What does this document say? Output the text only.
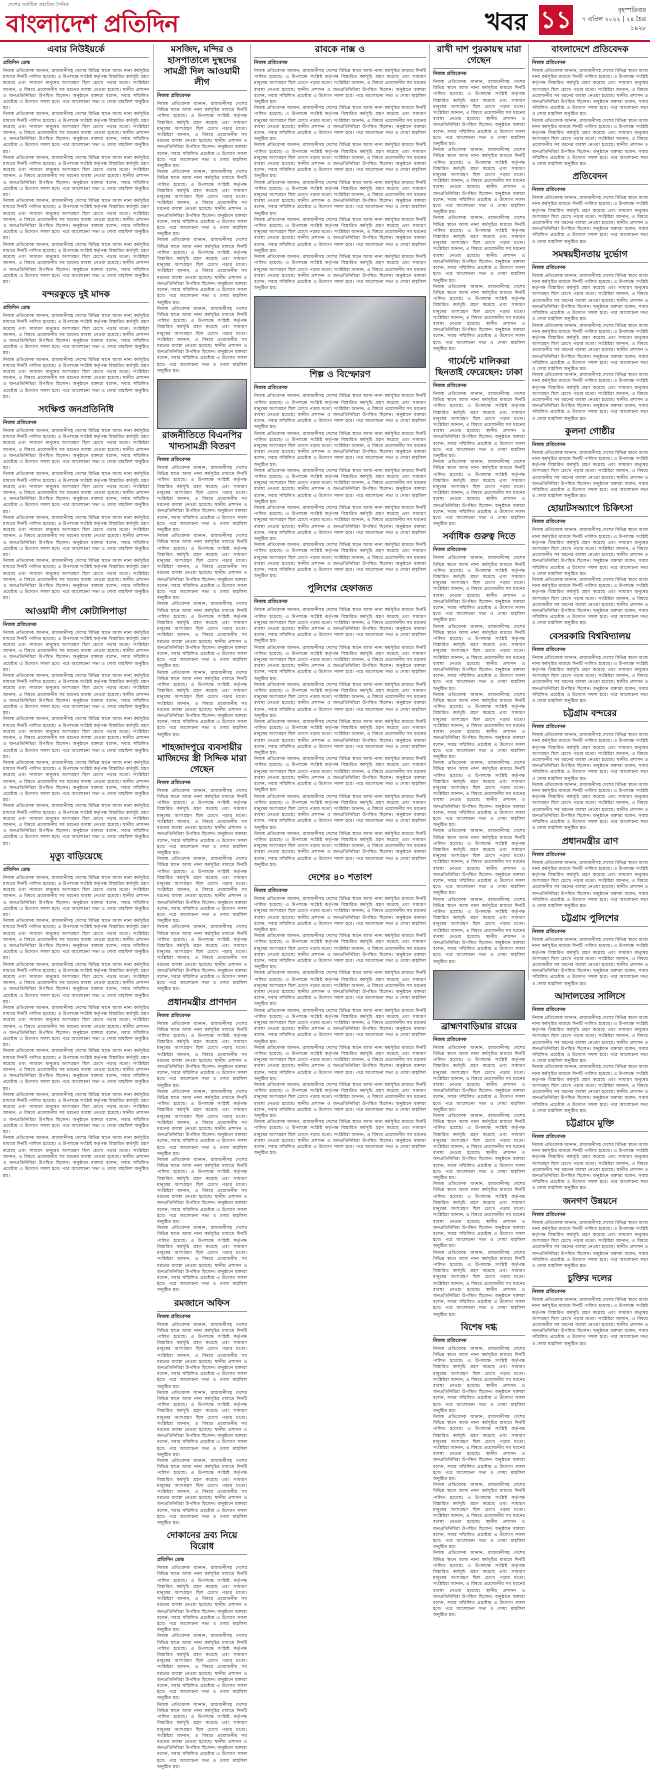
দেশের সর্বাধিক প্রচারিত দৈনিক
বাংলাদেশ প্রতিদিন	খবর ১১	বৃহস্পতিবার
৭ এপ্রিল ২০২২ | ২৪ চৈত্র ১৪২৮
এবার নিউইয়র্কে
প্রতিদিন ডেস্ক

নিজস্ব প্রতিবেদক জানান, রাজধানীসহ দেশের বিভিন্ন স্থানে আজ নানা কর্মসূচির মাধ্যমে দিনটি পালিত হয়েছে। এ উপলক্ষে সংশ্লিষ্ট কর্তৃপক্ষ বিস্তারিত কর্মসূচি গ্রহণ করেছে এবং সাধারণ মানুষের অংশগ্রহণ ছিল চোখে পড়ার মতো। সংশ্লিষ্টরা জানান, এ বিষয়ে প্রয়োজনীয় সব ধরনের ব্যবস্থা নেওয়া হয়েছে। স্থানীয় প্রশাসন ও জনপ্রতিনিধিরা উপস্থিত ছিলেন। অনুষ্ঠানে বক্তারা বলেন, সবার সম্মিলিত প্রচেষ্টায় এ উদ্যোগ সফল হবে। পরে আলোচনা সভা ও দোয়া মাহফিল অনুষ্ঠিত হয়।

নিজস্ব প্রতিবেদক জানান, রাজধানীসহ দেশের বিভিন্ন স্থানে আজ নানা কর্মসূচির মাধ্যমে দিনটি পালিত হয়েছে। এ উপলক্ষে সংশ্লিষ্ট কর্তৃপক্ষ বিস্তারিত কর্মসূচি গ্রহণ করেছে এবং সাধারণ মানুষের অংশগ্রহণ ছিল চোখে পড়ার মতো। সংশ্লিষ্টরা জানান, এ বিষয়ে প্রয়োজনীয় সব ধরনের ব্যবস্থা নেওয়া হয়েছে। স্থানীয় প্রশাসন ও জনপ্রতিনিধিরা উপস্থিত ছিলেন। অনুষ্ঠানে বক্তারা বলেন, সবার সম্মিলিত প্রচেষ্টায় এ উদ্যোগ সফল হবে। পরে আলোচনা সভা ও দোয়া মাহফিল অনুষ্ঠিত হয়।

নিজস্ব প্রতিবেদক জানান, রাজধানীসহ দেশের বিভিন্ন স্থানে আজ নানা কর্মসূচির মাধ্যমে দিনটি পালিত হয়েছে। এ উপলক্ষে সংশ্লিষ্ট কর্তৃপক্ষ বিস্তারিত কর্মসূচি গ্রহণ করেছে এবং সাধারণ মানুষের অংশগ্রহণ ছিল চোখে পড়ার মতো। সংশ্লিষ্টরা জানান, এ বিষয়ে প্রয়োজনীয় সব ধরনের ব্যবস্থা নেওয়া হয়েছে। স্থানীয় প্রশাসন ও জনপ্রতিনিধিরা উপস্থিত ছিলেন। অনুষ্ঠানে বক্তারা বলেন, সবার সম্মিলিত প্রচেষ্টায় এ উদ্যোগ সফল হবে। পরে আলোচনা সভা ও দোয়া মাহফিল অনুষ্ঠিত হয়।

নিজস্ব প্রতিবেদক জানান, রাজধানীসহ দেশের বিভিন্ন স্থানে আজ নানা কর্মসূচির মাধ্যমে দিনটি পালিত হয়েছে। এ উপলক্ষে সংশ্লিষ্ট কর্তৃপক্ষ বিস্তারিত কর্মসূচি গ্রহণ করেছে এবং সাধারণ মানুষের অংশগ্রহণ ছিল চোখে পড়ার মতো। সংশ্লিষ্টরা জানান, এ বিষয়ে প্রয়োজনীয় সব ধরনের ব্যবস্থা নেওয়া হয়েছে। স্থানীয় প্রশাসন ও জনপ্রতিনিধিরা উপস্থিত ছিলেন। অনুষ্ঠানে বক্তারা বলেন, সবার সম্মিলিত প্রচেষ্টায় এ উদ্যোগ সফল হবে। পরে আলোচনা সভা ও দোয়া মাহফিল অনুষ্ঠিত হয়।

নিজস্ব প্রতিবেদক জানান, রাজধানীসহ দেশের বিভিন্ন স্থানে আজ নানা কর্মসূচির মাধ্যমে দিনটি পালিত হয়েছে। এ উপলক্ষে সংশ্লিষ্ট কর্তৃপক্ষ বিস্তারিত কর্মসূচি গ্রহণ করেছে এবং সাধারণ মানুষের অংশগ্রহণ ছিল চোখে পড়ার মতো। সংশ্লিষ্টরা জানান, এ বিষয়ে প্রয়োজনীয় সব ধরনের ব্যবস্থা নেওয়া হয়েছে। স্থানীয় প্রশাসন ও জনপ্রতিনিধিরা উপস্থিত ছিলেন। অনুষ্ঠানে বক্তারা বলেন, সবার সম্মিলিত প্রচেষ্টায় এ উদ্যোগ সফল হবে। পরে আলোচনা সভা ও দোয়া মাহফিল অনুষ্ঠিত হয়।

বন্দরকুড়ে দুই মাদক
প্রতিদিন ডেস্ক

নিজস্ব প্রতিবেদক জানান, রাজধানীসহ দেশের বিভিন্ন স্থানে আজ নানা কর্মসূচির মাধ্যমে দিনটি পালিত হয়েছে। এ উপলক্ষে সংশ্লিষ্ট কর্তৃপক্ষ বিস্তারিত কর্মসূচি গ্রহণ করেছে এবং সাধারণ মানুষের অংশগ্রহণ ছিল চোখে পড়ার মতো। সংশ্লিষ্টরা জানান, এ বিষয়ে প্রয়োজনীয় সব ধরনের ব্যবস্থা নেওয়া হয়েছে। স্থানীয় প্রশাসন ও জনপ্রতিনিধিরা উপস্থিত ছিলেন। অনুষ্ঠানে বক্তারা বলেন, সবার সম্মিলিত প্রচেষ্টায় এ উদ্যোগ সফল হবে। পরে আলোচনা সভা ও দোয়া মাহফিল অনুষ্ঠিত হয়।

নিজস্ব প্রতিবেদক জানান, রাজধানীসহ দেশের বিভিন্ন স্থানে আজ নানা কর্মসূচির মাধ্যমে দিনটি পালিত হয়েছে। এ উপলক্ষে সংশ্লিষ্ট কর্তৃপক্ষ বিস্তারিত কর্মসূচি গ্রহণ করেছে এবং সাধারণ মানুষের অংশগ্রহণ ছিল চোখে পড়ার মতো। সংশ্লিষ্টরা জানান, এ বিষয়ে প্রয়োজনীয় সব ধরনের ব্যবস্থা নেওয়া হয়েছে। স্থানীয় প্রশাসন ও জনপ্রতিনিধিরা উপস্থিত ছিলেন। অনুষ্ঠানে বক্তারা বলেন, সবার সম্মিলিত প্রচেষ্টায় এ উদ্যোগ সফল হবে। পরে আলোচনা সভা ও দোয়া মাহফিল অনুষ্ঠিত হয়।

সংক্ষিপ্ত জনপ্রতিনিধি
নিজস্ব প্রতিবেদক

নিজস্ব প্রতিবেদক জানান, রাজধানীসহ দেশের বিভিন্ন স্থানে আজ নানা কর্মসূচির মাধ্যমে দিনটি পালিত হয়েছে। এ উপলক্ষে সংশ্লিষ্ট কর্তৃপক্ষ বিস্তারিত কর্মসূচি গ্রহণ করেছে এবং সাধারণ মানুষের অংশগ্রহণ ছিল চোখে পড়ার মতো। সংশ্লিষ্টরা জানান, এ বিষয়ে প্রয়োজনীয় সব ধরনের ব্যবস্থা নেওয়া হয়েছে। স্থানীয় প্রশাসন ও জনপ্রতিনিধিরা উপস্থিত ছিলেন। অনুষ্ঠানে বক্তারা বলেন, সবার সম্মিলিত প্রচেষ্টায় এ উদ্যোগ সফল হবে। পরে আলোচনা সভা ও দোয়া মাহফিল অনুষ্ঠিত হয়।

নিজস্ব প্রতিবেদক জানান, রাজধানীসহ দেশের বিভিন্ন স্থানে আজ নানা কর্মসূচির মাধ্যমে দিনটি পালিত হয়েছে। এ উপলক্ষে সংশ্লিষ্ট কর্তৃপক্ষ বিস্তারিত কর্মসূচি গ্রহণ করেছে এবং সাধারণ মানুষের অংশগ্রহণ ছিল চোখে পড়ার মতো। সংশ্লিষ্টরা জানান, এ বিষয়ে প্রয়োজনীয় সব ধরনের ব্যবস্থা নেওয়া হয়েছে। স্থানীয় প্রশাসন ও জনপ্রতিনিধিরা উপস্থিত ছিলেন। অনুষ্ঠানে বক্তারা বলেন, সবার সম্মিলিত প্রচেষ্টায় এ উদ্যোগ সফল হবে। পরে আলোচনা সভা ও দোয়া মাহফিল অনুষ্ঠিত হয়।

নিজস্ব প্রতিবেদক জানান, রাজধানীসহ দেশের বিভিন্ন স্থানে আজ নানা কর্মসূচির মাধ্যমে দিনটি পালিত হয়েছে। এ উপলক্ষে সংশ্লিষ্ট কর্তৃপক্ষ বিস্তারিত কর্মসূচি গ্রহণ করেছে এবং সাধারণ মানুষের অংশগ্রহণ ছিল চোখে পড়ার মতো। সংশ্লিষ্টরা জানান, এ বিষয়ে প্রয়োজনীয় সব ধরনের ব্যবস্থা নেওয়া হয়েছে। স্থানীয় প্রশাসন ও জনপ্রতিনিধিরা উপস্থিত ছিলেন। অনুষ্ঠানে বক্তারা বলেন, সবার সম্মিলিত প্রচেষ্টায় এ উদ্যোগ সফল হবে। পরে আলোচনা সভা ও দোয়া মাহফিল অনুষ্ঠিত হয়।

নিজস্ব প্রতিবেদক জানান, রাজধানীসহ দেশের বিভিন্ন স্থানে আজ নানা কর্মসূচির মাধ্যমে দিনটি পালিত হয়েছে। এ উপলক্ষে সংশ্লিষ্ট কর্তৃপক্ষ বিস্তারিত কর্মসূচি গ্রহণ করেছে এবং সাধারণ মানুষের অংশগ্রহণ ছিল চোখে পড়ার মতো। সংশ্লিষ্টরা জানান, এ বিষয়ে প্রয়োজনীয় সব ধরনের ব্যবস্থা নেওয়া হয়েছে। স্থানীয় প্রশাসন ও জনপ্রতিনিধিরা উপস্থিত ছিলেন। অনুষ্ঠানে বক্তারা বলেন, সবার সম্মিলিত প্রচেষ্টায় এ উদ্যোগ সফল হবে। পরে আলোচনা সভা ও দোয়া মাহফিল অনুষ্ঠিত হয়।

আওয়ামী লীগ কোটালিপাড়া
নিজস্ব প্রতিবেদক

নিজস্ব প্রতিবেদক জানান, রাজধানীসহ দেশের বিভিন্ন স্থানে আজ নানা কর্মসূচির মাধ্যমে দিনটি পালিত হয়েছে। এ উপলক্ষে সংশ্লিষ্ট কর্তৃপক্ষ বিস্তারিত কর্মসূচি গ্রহণ করেছে এবং সাধারণ মানুষের অংশগ্রহণ ছিল চোখে পড়ার মতো। সংশ্লিষ্টরা জানান, এ বিষয়ে প্রয়োজনীয় সব ধরনের ব্যবস্থা নেওয়া হয়েছে। স্থানীয় প্রশাসন ও জনপ্রতিনিধিরা উপস্থিত ছিলেন। অনুষ্ঠানে বক্তারা বলেন, সবার সম্মিলিত প্রচেষ্টায় এ উদ্যোগ সফল হবে। পরে আলোচনা সভা ও দোয়া মাহফিল অনুষ্ঠিত হয়।

নিজস্ব প্রতিবেদক জানান, রাজধানীসহ দেশের বিভিন্ন স্থানে আজ নানা কর্মসূচির মাধ্যমে দিনটি পালিত হয়েছে। এ উপলক্ষে সংশ্লিষ্ট কর্তৃপক্ষ বিস্তারিত কর্মসূচি গ্রহণ করেছে এবং সাধারণ মানুষের অংশগ্রহণ ছিল চোখে পড়ার মতো। সংশ্লিষ্টরা জানান, এ বিষয়ে প্রয়োজনীয় সব ধরনের ব্যবস্থা নেওয়া হয়েছে। স্থানীয় প্রশাসন ও জনপ্রতিনিধিরা উপস্থিত ছিলেন। অনুষ্ঠানে বক্তারা বলেন, সবার সম্মিলিত প্রচেষ্টায় এ উদ্যোগ সফল হবে। পরে আলোচনা সভা ও দোয়া মাহফিল অনুষ্ঠিত হয়।

নিজস্ব প্রতিবেদক জানান, রাজধানীসহ দেশের বিভিন্ন স্থানে আজ নানা কর্মসূচির মাধ্যমে দিনটি পালিত হয়েছে। এ উপলক্ষে সংশ্লিষ্ট কর্তৃপক্ষ বিস্তারিত কর্মসূচি গ্রহণ করেছে এবং সাধারণ মানুষের অংশগ্রহণ ছিল চোখে পড়ার মতো। সংশ্লিষ্টরা জানান, এ বিষয়ে প্রয়োজনীয় সব ধরনের ব্যবস্থা নেওয়া হয়েছে। স্থানীয় প্রশাসন ও জনপ্রতিনিধিরা উপস্থিত ছিলেন। অনুষ্ঠানে বক্তারা বলেন, সবার সম্মিলিত প্রচেষ্টায় এ উদ্যোগ সফল হবে। পরে আলোচনা সভা ও দোয়া মাহফিল অনুষ্ঠিত হয়।

নিজস্ব প্রতিবেদক জানান, রাজধানীসহ দেশের বিভিন্ন স্থানে আজ নানা কর্মসূচির মাধ্যমে দিনটি পালিত হয়েছে। এ উপলক্ষে সংশ্লিষ্ট কর্তৃপক্ষ বিস্তারিত কর্মসূচি গ্রহণ করেছে এবং সাধারণ মানুষের অংশগ্রহণ ছিল চোখে পড়ার মতো। সংশ্লিষ্টরা জানান, এ বিষয়ে প্রয়োজনীয় সব ধরনের ব্যবস্থা নেওয়া হয়েছে। স্থানীয় প্রশাসন ও জনপ্রতিনিধিরা উপস্থিত ছিলেন। অনুষ্ঠানে বক্তারা বলেন, সবার সম্মিলিত প্রচেষ্টায় এ উদ্যোগ সফল হবে। পরে আলোচনা সভা ও দোয়া মাহফিল অনুষ্ঠিত হয়।

নিজস্ব প্রতিবেদক জানান, রাজধানীসহ দেশের বিভিন্ন স্থানে আজ নানা কর্মসূচির মাধ্যমে দিনটি পালিত হয়েছে। এ উপলক্ষে সংশ্লিষ্ট কর্তৃপক্ষ বিস্তারিত কর্মসূচি গ্রহণ করেছে এবং সাধারণ মানুষের অংশগ্রহণ ছিল চোখে পড়ার মতো। সংশ্লিষ্টরা জানান, এ বিষয়ে প্রয়োজনীয় সব ধরনের ব্যবস্থা নেওয়া হয়েছে। স্থানীয় প্রশাসন ও জনপ্রতিনিধিরা উপস্থিত ছিলেন। অনুষ্ঠানে বক্তারা বলেন, সবার সম্মিলিত প্রচেষ্টায় এ উদ্যোগ সফল হবে। পরে আলোচনা সভা ও দোয়া মাহফিল অনুষ্ঠিত হয়।

মৃত্যু বাড়িয়েছে
প্রতিদিন ডেস্ক

নিজস্ব প্রতিবেদক জানান, রাজধানীসহ দেশের বিভিন্ন স্থানে আজ নানা কর্মসূচির মাধ্যমে দিনটি পালিত হয়েছে। এ উপলক্ষে সংশ্লিষ্ট কর্তৃপক্ষ বিস্তারিত কর্মসূচি গ্রহণ করেছে এবং সাধারণ মানুষের অংশগ্রহণ ছিল চোখে পড়ার মতো। সংশ্লিষ্টরা জানান, এ বিষয়ে প্রয়োজনীয় সব ধরনের ব্যবস্থা নেওয়া হয়েছে। স্থানীয় প্রশাসন ও জনপ্রতিনিধিরা উপস্থিত ছিলেন। অনুষ্ঠানে বক্তারা বলেন, সবার সম্মিলিত প্রচেষ্টায় এ উদ্যোগ সফল হবে। পরে আলোচনা সভা ও দোয়া মাহফিল অনুষ্ঠিত হয়।

নিজস্ব প্রতিবেদক জানান, রাজধানীসহ দেশের বিভিন্ন স্থানে আজ নানা কর্মসূচির মাধ্যমে দিনটি পালিত হয়েছে। এ উপলক্ষে সংশ্লিষ্ট কর্তৃপক্ষ বিস্তারিত কর্মসূচি গ্রহণ করেছে এবং সাধারণ মানুষের অংশগ্রহণ ছিল চোখে পড়ার মতো। সংশ্লিষ্টরা জানান, এ বিষয়ে প্রয়োজনীয় সব ধরনের ব্যবস্থা নেওয়া হয়েছে। স্থানীয় প্রশাসন ও জনপ্রতিনিধিরা উপস্থিত ছিলেন। অনুষ্ঠানে বক্তারা বলেন, সবার সম্মিলিত প্রচেষ্টায় এ উদ্যোগ সফল হবে। পরে আলোচনা সভা ও দোয়া মাহফিল অনুষ্ঠিত হয়।

নিজস্ব প্রতিবেদক জানান, রাজধানীসহ দেশের বিভিন্ন স্থানে আজ নানা কর্মসূচির মাধ্যমে দিনটি পালিত হয়েছে। এ উপলক্ষে সংশ্লিষ্ট কর্তৃপক্ষ বিস্তারিত কর্মসূচি গ্রহণ করেছে এবং সাধারণ মানুষের অংশগ্রহণ ছিল চোখে পড়ার মতো। সংশ্লিষ্টরা জানান, এ বিষয়ে প্রয়োজনীয় সব ধরনের ব্যবস্থা নেওয়া হয়েছে। স্থানীয় প্রশাসন ও জনপ্রতিনিধিরা উপস্থিত ছিলেন। অনুষ্ঠানে বক্তারা বলেন, সবার সম্মিলিত প্রচেষ্টায় এ উদ্যোগ সফল হবে। পরে আলোচনা সভা ও দোয়া মাহফিল অনুষ্ঠিত হয়।

নিজস্ব প্রতিবেদক জানান, রাজধানীসহ দেশের বিভিন্ন স্থানে আজ নানা কর্মসূচির মাধ্যমে দিনটি পালিত হয়েছে। এ উপলক্ষে সংশ্লিষ্ট কর্তৃপক্ষ বিস্তারিত কর্মসূচি গ্রহণ করেছে এবং সাধারণ মানুষের অংশগ্রহণ ছিল চোখে পড়ার মতো। সংশ্লিষ্টরা জানান, এ বিষয়ে প্রয়োজনীয় সব ধরনের ব্যবস্থা নেওয়া হয়েছে। স্থানীয় প্রশাসন ও জনপ্রতিনিধিরা উপস্থিত ছিলেন। অনুষ্ঠানে বক্তারা বলেন, সবার সম্মিলিত প্রচেষ্টায় এ উদ্যোগ সফল হবে। পরে আলোচনা সভা ও দোয়া মাহফিল অনুষ্ঠিত হয়।

নিজস্ব প্রতিবেদক জানান, রাজধানীসহ দেশের বিভিন্ন স্থানে আজ নানা কর্মসূচির মাধ্যমে দিনটি পালিত হয়েছে। এ উপলক্ষে সংশ্লিষ্ট কর্তৃপক্ষ বিস্তারিত কর্মসূচি গ্রহণ করেছে এবং সাধারণ মানুষের অংশগ্রহণ ছিল চোখে পড়ার মতো। সংশ্লিষ্টরা জানান, এ বিষয়ে প্রয়োজনীয় সব ধরনের ব্যবস্থা নেওয়া হয়েছে। স্থানীয় প্রশাসন ও জনপ্রতিনিধিরা উপস্থিত ছিলেন। অনুষ্ঠানে বক্তারা বলেন, সবার সম্মিলিত প্রচেষ্টায় এ উদ্যোগ সফল হবে। পরে আলোচনা সভা ও দোয়া মাহফিল অনুষ্ঠিত হয়।

নিজস্ব প্রতিবেদক জানান, রাজধানীসহ দেশের বিভিন্ন স্থানে আজ নানা কর্মসূচির মাধ্যমে দিনটি পালিত হয়েছে। এ উপলক্ষে সংশ্লিষ্ট কর্তৃপক্ষ বিস্তারিত কর্মসূচি গ্রহণ করেছে এবং সাধারণ মানুষের অংশগ্রহণ ছিল চোখে পড়ার মতো। সংশ্লিষ্টরা জানান, এ বিষয়ে প্রয়োজনীয় সব ধরনের ব্যবস্থা নেওয়া হয়েছে। স্থানীয় প্রশাসন ও জনপ্রতিনিধিরা উপস্থিত ছিলেন। অনুষ্ঠানে বক্তারা বলেন, সবার সম্মিলিত প্রচেষ্টায় এ উদ্যোগ সফল হবে। পরে আলোচনা সভা ও দোয়া মাহফিল অনুষ্ঠিত হয়।

নিজস্ব প্রতিবেদক জানান, রাজধানীসহ দেশের বিভিন্ন স্থানে আজ নানা কর্মসূচির মাধ্যমে দিনটি পালিত হয়েছে। এ উপলক্ষে সংশ্লিষ্ট কর্তৃপক্ষ বিস্তারিত কর্মসূচি গ্রহণ করেছে এবং সাধারণ মানুষের অংশগ্রহণ ছিল চোখে পড়ার মতো। সংশ্লিষ্টরা জানান, এ বিষয়ে প্রয়োজনীয় সব ধরনের ব্যবস্থা নেওয়া হয়েছে। স্থানীয় প্রশাসন ও জনপ্রতিনিধিরা উপস্থিত ছিলেন। অনুষ্ঠানে বক্তারা বলেন, সবার সম্মিলিত প্রচেষ্টায় এ উদ্যোগ সফল হবে। পরে আলোচনা সভা ও দোয়া মাহফিল অনুষ্ঠিত হয়।

মসজিদ, মন্দির ও হাসপাতালে দুস্থদের সামগ্রী দিল আওয়ামী লীগ
নিজস্ব প্রতিবেদক

নিজস্ব প্রতিবেদক জানান, রাজধানীসহ দেশের বিভিন্ন স্থানে আজ নানা কর্মসূচির মাধ্যমে দিনটি পালিত হয়েছে। এ উপলক্ষে সংশ্লিষ্ট কর্তৃপক্ষ বিস্তারিত কর্মসূচি গ্রহণ করেছে এবং সাধারণ মানুষের অংশগ্রহণ ছিল চোখে পড়ার মতো। সংশ্লিষ্টরা জানান, এ বিষয়ে প্রয়োজনীয় সব ধরনের ব্যবস্থা নেওয়া হয়েছে। স্থানীয় প্রশাসন ও জনপ্রতিনিধিরা উপস্থিত ছিলেন। অনুষ্ঠানে বক্তারা বলেন, সবার সম্মিলিত প্রচেষ্টায় এ উদ্যোগ সফল হবে। পরে আলোচনা সভা ও দোয়া মাহফিল অনুষ্ঠিত হয়।

নিজস্ব প্রতিবেদক জানান, রাজধানীসহ দেশের বিভিন্ন স্থানে আজ নানা কর্মসূচির মাধ্যমে দিনটি পালিত হয়েছে। এ উপলক্ষে সংশ্লিষ্ট কর্তৃপক্ষ বিস্তারিত কর্মসূচি গ্রহণ করেছে এবং সাধারণ মানুষের অংশগ্রহণ ছিল চোখে পড়ার মতো। সংশ্লিষ্টরা জানান, এ বিষয়ে প্রয়োজনীয় সব ধরনের ব্যবস্থা নেওয়া হয়েছে। স্থানীয় প্রশাসন ও জনপ্রতিনিধিরা উপস্থিত ছিলেন। অনুষ্ঠানে বক্তারা বলেন, সবার সম্মিলিত প্রচেষ্টায় এ উদ্যোগ সফল হবে। পরে আলোচনা সভা ও দোয়া মাহফিল অনুষ্ঠিত হয়।

নিজস্ব প্রতিবেদক জানান, রাজধানীসহ দেশের বিভিন্ন স্থানে আজ নানা কর্মসূচির মাধ্যমে দিনটি পালিত হয়েছে। এ উপলক্ষে সংশ্লিষ্ট কর্তৃপক্ষ বিস্তারিত কর্মসূচি গ্রহণ করেছে এবং সাধারণ মানুষের অংশগ্রহণ ছিল চোখে পড়ার মতো। সংশ্লিষ্টরা জানান, এ বিষয়ে প্রয়োজনীয় সব ধরনের ব্যবস্থা নেওয়া হয়েছে। স্থানীয় প্রশাসন ও জনপ্রতিনিধিরা উপস্থিত ছিলেন। অনুষ্ঠানে বক্তারা বলেন, সবার সম্মিলিত প্রচেষ্টায় এ উদ্যোগ সফল হবে। পরে আলোচনা সভা ও দোয়া মাহফিল অনুষ্ঠিত হয়।

নিজস্ব প্রতিবেদক জানান, রাজধানীসহ দেশের বিভিন্ন স্থানে আজ নানা কর্মসূচির মাধ্যমে দিনটি পালিত হয়েছে। এ উপলক্ষে সংশ্লিষ্ট কর্তৃপক্ষ বিস্তারিত কর্মসূচি গ্রহণ করেছে এবং সাধারণ মানুষের অংশগ্রহণ ছিল চোখে পড়ার মতো। সংশ্লিষ্টরা জানান, এ বিষয়ে প্রয়োজনীয় সব ধরনের ব্যবস্থা নেওয়া হয়েছে। স্থানীয় প্রশাসন ও জনপ্রতিনিধিরা উপস্থিত ছিলেন। অনুষ্ঠানে বক্তারা বলেন, সবার সম্মিলিত প্রচেষ্টায় এ উদ্যোগ সফল হবে। পরে আলোচনা সভা ও দোয়া মাহফিল অনুষ্ঠিত হয়।

রাজনীতিতে বিএনপির খাদ্যসামগ্রী বিতরণ
নিজস্ব প্রতিবেদক

নিজস্ব প্রতিবেদক জানান, রাজধানীসহ দেশের বিভিন্ন স্থানে আজ নানা কর্মসূচির মাধ্যমে দিনটি পালিত হয়েছে। এ উপলক্ষে সংশ্লিষ্ট কর্তৃপক্ষ বিস্তারিত কর্মসূচি গ্রহণ করেছে এবং সাধারণ মানুষের অংশগ্রহণ ছিল চোখে পড়ার মতো। সংশ্লিষ্টরা জানান, এ বিষয়ে প্রয়োজনীয় সব ধরনের ব্যবস্থা নেওয়া হয়েছে। স্থানীয় প্রশাসন ও জনপ্রতিনিধিরা উপস্থিত ছিলেন। অনুষ্ঠানে বক্তারা বলেন, সবার সম্মিলিত প্রচেষ্টায় এ উদ্যোগ সফল হবে। পরে আলোচনা সভা ও দোয়া মাহফিল অনুষ্ঠিত হয়।

নিজস্ব প্রতিবেদক জানান, রাজধানীসহ দেশের বিভিন্ন স্থানে আজ নানা কর্মসূচির মাধ্যমে দিনটি পালিত হয়েছে। এ উপলক্ষে সংশ্লিষ্ট কর্তৃপক্ষ বিস্তারিত কর্মসূচি গ্রহণ করেছে এবং সাধারণ মানুষের অংশগ্রহণ ছিল চোখে পড়ার মতো। সংশ্লিষ্টরা জানান, এ বিষয়ে প্রয়োজনীয় সব ধরনের ব্যবস্থা নেওয়া হয়েছে। স্থানীয় প্রশাসন ও জনপ্রতিনিধিরা উপস্থিত ছিলেন। অনুষ্ঠানে বক্তারা বলেন, সবার সম্মিলিত প্রচেষ্টায় এ উদ্যোগ সফল হবে। পরে আলোচনা সভা ও দোয়া মাহফিল অনুষ্ঠিত হয়।

নিজস্ব প্রতিবেদক জানান, রাজধানীসহ দেশের বিভিন্ন স্থানে আজ নানা কর্মসূচির মাধ্যমে দিনটি পালিত হয়েছে। এ উপলক্ষে সংশ্লিষ্ট কর্তৃপক্ষ বিস্তারিত কর্মসূচি গ্রহণ করেছে এবং সাধারণ মানুষের অংশগ্রহণ ছিল চোখে পড়ার মতো। সংশ্লিষ্টরা জানান, এ বিষয়ে প্রয়োজনীয় সব ধরনের ব্যবস্থা নেওয়া হয়েছে। স্থানীয় প্রশাসন ও জনপ্রতিনিধিরা উপস্থিত ছিলেন। অনুষ্ঠানে বক্তারা বলেন, সবার সম্মিলিত প্রচেষ্টায় এ উদ্যোগ সফল হবে। পরে আলোচনা সভা ও দোয়া মাহফিল অনুষ্ঠিত হয়।

নিজস্ব প্রতিবেদক জানান, রাজধানীসহ দেশের বিভিন্ন স্থানে আজ নানা কর্মসূচির মাধ্যমে দিনটি পালিত হয়েছে। এ উপলক্ষে সংশ্লিষ্ট কর্তৃপক্ষ বিস্তারিত কর্মসূচি গ্রহণ করেছে এবং সাধারণ মানুষের অংশগ্রহণ ছিল চোখে পড়ার মতো। সংশ্লিষ্টরা জানান, এ বিষয়ে প্রয়োজনীয় সব ধরনের ব্যবস্থা নেওয়া হয়েছে। স্থানীয় প্রশাসন ও জনপ্রতিনিধিরা উপস্থিত ছিলেন। অনুষ্ঠানে বক্তারা বলেন, সবার সম্মিলিত প্রচেষ্টায় এ উদ্যোগ সফল হবে। পরে আলোচনা সভা ও দোয়া মাহফিল অনুষ্ঠিত হয়।

শাহজাদপুরে ব্যবসায়ীর মাজিদের স্ত্রী সিদ্দিক মারা গেছেন
নিজস্ব প্রতিবেদক

নিজস্ব প্রতিবেদক জানান, রাজধানীসহ দেশের বিভিন্ন স্থানে আজ নানা কর্মসূচির মাধ্যমে দিনটি পালিত হয়েছে। এ উপলক্ষে সংশ্লিষ্ট কর্তৃপক্ষ বিস্তারিত কর্মসূচি গ্রহণ করেছে এবং সাধারণ মানুষের অংশগ্রহণ ছিল চোখে পড়ার মতো। সংশ্লিষ্টরা জানান, এ বিষয়ে প্রয়োজনীয় সব ধরনের ব্যবস্থা নেওয়া হয়েছে। স্থানীয় প্রশাসন ও জনপ্রতিনিধিরা উপস্থিত ছিলেন। অনুষ্ঠানে বক্তারা বলেন, সবার সম্মিলিত প্রচেষ্টায় এ উদ্যোগ সফল হবে। পরে আলোচনা সভা ও দোয়া মাহফিল অনুষ্ঠিত হয়।

নিজস্ব প্রতিবেদক জানান, রাজধানীসহ দেশের বিভিন্ন স্থানে আজ নানা কর্মসূচির মাধ্যমে দিনটি পালিত হয়েছে। এ উপলক্ষে সংশ্লিষ্ট কর্তৃপক্ষ বিস্তারিত কর্মসূচি গ্রহণ করেছে এবং সাধারণ মানুষের অংশগ্রহণ ছিল চোখে পড়ার মতো। সংশ্লিষ্টরা জানান, এ বিষয়ে প্রয়োজনীয় সব ধরনের ব্যবস্থা নেওয়া হয়েছে। স্থানীয় প্রশাসন ও জনপ্রতিনিধিরা উপস্থিত ছিলেন। অনুষ্ঠানে বক্তারা বলেন, সবার সম্মিলিত প্রচেষ্টায় এ উদ্যোগ সফল হবে। পরে আলোচনা সভা ও দোয়া মাহফিল অনুষ্ঠিত হয়।

নিজস্ব প্রতিবেদক জানান, রাজধানীসহ দেশের বিভিন্ন স্থানে আজ নানা কর্মসূচির মাধ্যমে দিনটি পালিত হয়েছে। এ উপলক্ষে সংশ্লিষ্ট কর্তৃপক্ষ বিস্তারিত কর্মসূচি গ্রহণ করেছে এবং সাধারণ মানুষের অংশগ্রহণ ছিল চোখে পড়ার মতো। সংশ্লিষ্টরা জানান, এ বিষয়ে প্রয়োজনীয় সব ধরনের ব্যবস্থা নেওয়া হয়েছে। স্থানীয় প্রশাসন ও জনপ্রতিনিধিরা উপস্থিত ছিলেন। অনুষ্ঠানে বক্তারা বলেন, সবার সম্মিলিত প্রচেষ্টায় এ উদ্যোগ সফল হবে। পরে আলোচনা সভা ও দোয়া মাহফিল অনুষ্ঠিত হয়।

প্রধানমন্ত্রীর প্রাণদান
নিজস্ব প্রতিবেদক

নিজস্ব প্রতিবেদক জানান, রাজধানীসহ দেশের বিভিন্ন স্থানে আজ নানা কর্মসূচির মাধ্যমে দিনটি পালিত হয়েছে। এ উপলক্ষে সংশ্লিষ্ট কর্তৃপক্ষ বিস্তারিত কর্মসূচি গ্রহণ করেছে এবং সাধারণ মানুষের অংশগ্রহণ ছিল চোখে পড়ার মতো। সংশ্লিষ্টরা জানান, এ বিষয়ে প্রয়োজনীয় সব ধরনের ব্যবস্থা নেওয়া হয়েছে। স্থানীয় প্রশাসন ও জনপ্রতিনিধিরা উপস্থিত ছিলেন। অনুষ্ঠানে বক্তারা বলেন, সবার সম্মিলিত প্রচেষ্টায় এ উদ্যোগ সফল হবে। পরে আলোচনা সভা ও দোয়া মাহফিল অনুষ্ঠিত হয়।

নিজস্ব প্রতিবেদক জানান, রাজধানীসহ দেশের বিভিন্ন স্থানে আজ নানা কর্মসূচির মাধ্যমে দিনটি পালিত হয়েছে। এ উপলক্ষে সংশ্লিষ্ট কর্তৃপক্ষ বিস্তারিত কর্মসূচি গ্রহণ করেছে এবং সাধারণ মানুষের অংশগ্রহণ ছিল চোখে পড়ার মতো। সংশ্লিষ্টরা জানান, এ বিষয়ে প্রয়োজনীয় সব ধরনের ব্যবস্থা নেওয়া হয়েছে। স্থানীয় প্রশাসন ও জনপ্রতিনিধিরা উপস্থিত ছিলেন। অনুষ্ঠানে বক্তারা বলেন, সবার সম্মিলিত প্রচেষ্টায় এ উদ্যোগ সফল হবে। পরে আলোচনা সভা ও দোয়া মাহফিল অনুষ্ঠিত হয়।

নিজস্ব প্রতিবেদক জানান, রাজধানীসহ দেশের বিভিন্ন স্থানে আজ নানা কর্মসূচির মাধ্যমে দিনটি পালিত হয়েছে। এ উপলক্ষে সংশ্লিষ্ট কর্তৃপক্ষ বিস্তারিত কর্মসূচি গ্রহণ করেছে এবং সাধারণ মানুষের অংশগ্রহণ ছিল চোখে পড়ার মতো। সংশ্লিষ্টরা জানান, এ বিষয়ে প্রয়োজনীয় সব ধরনের ব্যবস্থা নেওয়া হয়েছে। স্থানীয় প্রশাসন ও জনপ্রতিনিধিরা উপস্থিত ছিলেন। অনুষ্ঠানে বক্তারা বলেন, সবার সম্মিলিত প্রচেষ্টায় এ উদ্যোগ সফল হবে। পরে আলোচনা সভা ও দোয়া মাহফিল অনুষ্ঠিত হয়।

নিজস্ব প্রতিবেদক জানান, রাজধানীসহ দেশের বিভিন্ন স্থানে আজ নানা কর্মসূচির মাধ্যমে দিনটি পালিত হয়েছে। এ উপলক্ষে সংশ্লিষ্ট কর্তৃপক্ষ বিস্তারিত কর্মসূচি গ্রহণ করেছে এবং সাধারণ মানুষের অংশগ্রহণ ছিল চোখে পড়ার মতো। সংশ্লিষ্টরা জানান, এ বিষয়ে প্রয়োজনীয় সব ধরনের ব্যবস্থা নেওয়া হয়েছে। স্থানীয় প্রশাসন ও জনপ্রতিনিধিরা উপস্থিত ছিলেন। অনুষ্ঠানে বক্তারা বলেন, সবার সম্মিলিত প্রচেষ্টায় এ উদ্যোগ সফল হবে। পরে আলোচনা সভা ও দোয়া মাহফিল অনুষ্ঠিত হয়।

রমজানে অফিস
নিজস্ব প্রতিবেদক

নিজস্ব প্রতিবেদক জানান, রাজধানীসহ দেশের বিভিন্ন স্থানে আজ নানা কর্মসূচির মাধ্যমে দিনটি পালিত হয়েছে। এ উপলক্ষে সংশ্লিষ্ট কর্তৃপক্ষ বিস্তারিত কর্মসূচি গ্রহণ করেছে এবং সাধারণ মানুষের অংশগ্রহণ ছিল চোখে পড়ার মতো। সংশ্লিষ্টরা জানান, এ বিষয়ে প্রয়োজনীয় সব ধরনের ব্যবস্থা নেওয়া হয়েছে। স্থানীয় প্রশাসন ও জনপ্রতিনিধিরা উপস্থিত ছিলেন। অনুষ্ঠানে বক্তারা বলেন, সবার সম্মিলিত প্রচেষ্টায় এ উদ্যোগ সফল হবে। পরে আলোচনা সভা ও দোয়া মাহফিল অনুষ্ঠিত হয়।

নিজস্ব প্রতিবেদক জানান, রাজধানীসহ দেশের বিভিন্ন স্থানে আজ নানা কর্মসূচির মাধ্যমে দিনটি পালিত হয়েছে। এ উপলক্ষে সংশ্লিষ্ট কর্তৃপক্ষ বিস্তারিত কর্মসূচি গ্রহণ করেছে এবং সাধারণ মানুষের অংশগ্রহণ ছিল চোখে পড়ার মতো। সংশ্লিষ্টরা জানান, এ বিষয়ে প্রয়োজনীয় সব ধরনের ব্যবস্থা নেওয়া হয়েছে। স্থানীয় প্রশাসন ও জনপ্রতিনিধিরা উপস্থিত ছিলেন। অনুষ্ঠানে বক্তারা বলেন, সবার সম্মিলিত প্রচেষ্টায় এ উদ্যোগ সফল হবে। পরে আলোচনা সভা ও দোয়া মাহফিল অনুষ্ঠিত হয়।

নিজস্ব প্রতিবেদক জানান, রাজধানীসহ দেশের বিভিন্ন স্থানে আজ নানা কর্মসূচির মাধ্যমে দিনটি পালিত হয়েছে। এ উপলক্ষে সংশ্লিষ্ট কর্তৃপক্ষ বিস্তারিত কর্মসূচি গ্রহণ করেছে এবং সাধারণ মানুষের অংশগ্রহণ ছিল চোখে পড়ার মতো। সংশ্লিষ্টরা জানান, এ বিষয়ে প্রয়োজনীয় সব ধরনের ব্যবস্থা নেওয়া হয়েছে। স্থানীয় প্রশাসন ও জনপ্রতিনিধিরা উপস্থিত ছিলেন। অনুষ্ঠানে বক্তারা বলেন, সবার সম্মিলিত প্রচেষ্টায় এ উদ্যোগ সফল হবে। পরে আলোচনা সভা ও দোয়া মাহফিল অনুষ্ঠিত হয়।

দোকানের দ্রব্য নিয়ে বিরোধ
প্রতিদিন ডেস্ক

নিজস্ব প্রতিবেদক জানান, রাজধানীসহ দেশের বিভিন্ন স্থানে আজ নানা কর্মসূচির মাধ্যমে দিনটি পালিত হয়েছে। এ উপলক্ষে সংশ্লিষ্ট কর্তৃপক্ষ বিস্তারিত কর্মসূচি গ্রহণ করেছে এবং সাধারণ মানুষের অংশগ্রহণ ছিল চোখে পড়ার মতো। সংশ্লিষ্টরা জানান, এ বিষয়ে প্রয়োজনীয় সব ধরনের ব্যবস্থা নেওয়া হয়েছে। স্থানীয় প্রশাসন ও জনপ্রতিনিধিরা উপস্থিত ছিলেন। অনুষ্ঠানে বক্তারা বলেন, সবার সম্মিলিত প্রচেষ্টায় এ উদ্যোগ সফল হবে। পরে আলোচনা সভা ও দোয়া মাহফিল অনুষ্ঠিত হয়।

নিজস্ব প্রতিবেদক জানান, রাজধানীসহ দেশের বিভিন্ন স্থানে আজ নানা কর্মসূচির মাধ্যমে দিনটি পালিত হয়েছে। এ উপলক্ষে সংশ্লিষ্ট কর্তৃপক্ষ বিস্তারিত কর্মসূচি গ্রহণ করেছে এবং সাধারণ মানুষের অংশগ্রহণ ছিল চোখে পড়ার মতো। সংশ্লিষ্টরা জানান, এ বিষয়ে প্রয়োজনীয় সব ধরনের ব্যবস্থা নেওয়া হয়েছে। স্থানীয় প্রশাসন ও জনপ্রতিনিধিরা উপস্থিত ছিলেন। অনুষ্ঠানে বক্তারা বলেন, সবার সম্মিলিত প্রচেষ্টায় এ উদ্যোগ সফল হবে। পরে আলোচনা সভা ও দোয়া মাহফিল অনুষ্ঠিত হয়।

নিজস্ব প্রতিবেদক জানান, রাজধানীসহ দেশের বিভিন্ন স্থানে আজ নানা কর্মসূচির মাধ্যমে দিনটি পালিত হয়েছে। এ উপলক্ষে সংশ্লিষ্ট কর্তৃপক্ষ বিস্তারিত কর্মসূচি গ্রহণ করেছে এবং সাধারণ মানুষের অংশগ্রহণ ছিল চোখে পড়ার মতো। সংশ্লিষ্টরা জানান, এ বিষয়ে প্রয়োজনীয় সব ধরনের ব্যবস্থা নেওয়া হয়েছে। স্থানীয় প্রশাসন ও জনপ্রতিনিধিরা উপস্থিত ছিলেন। অনুষ্ঠানে বক্তারা বলেন, সবার সম্মিলিত প্রচেষ্টায় এ উদ্যোগ সফল হবে। পরে আলোচনা সভা ও দোয়া মাহফিল অনুষ্ঠিত হয়।

রাবকে নাক্স ও
নিজস্ব প্রতিবেদক

নিজস্ব প্রতিবেদক জানান, রাজধানীসহ দেশের বিভিন্ন স্থানে আজ নানা কর্মসূচির মাধ্যমে দিনটি পালিত হয়েছে। এ উপলক্ষে সংশ্লিষ্ট কর্তৃপক্ষ বিস্তারিত কর্মসূচি গ্রহণ করেছে এবং সাধারণ মানুষের অংশগ্রহণ ছিল চোখে পড়ার মতো। সংশ্লিষ্টরা জানান, এ বিষয়ে প্রয়োজনীয় সব ধরনের ব্যবস্থা নেওয়া হয়েছে। স্থানীয় প্রশাসন ও জনপ্রতিনিধিরা উপস্থিত ছিলেন। অনুষ্ঠানে বক্তারা বলেন, সবার সম্মিলিত প্রচেষ্টায় এ উদ্যোগ সফল হবে। পরে আলোচনা সভা ও দোয়া মাহফিল অনুষ্ঠিত হয়।

নিজস্ব প্রতিবেদক জানান, রাজধানীসহ দেশের বিভিন্ন স্থানে আজ নানা কর্মসূচির মাধ্যমে দিনটি পালিত হয়েছে। এ উপলক্ষে সংশ্লিষ্ট কর্তৃপক্ষ বিস্তারিত কর্মসূচি গ্রহণ করেছে এবং সাধারণ মানুষের অংশগ্রহণ ছিল চোখে পড়ার মতো। সংশ্লিষ্টরা জানান, এ বিষয়ে প্রয়োজনীয় সব ধরনের ব্যবস্থা নেওয়া হয়েছে। স্থানীয় প্রশাসন ও জনপ্রতিনিধিরা উপস্থিত ছিলেন। অনুষ্ঠানে বক্তারা বলেন, সবার সম্মিলিত প্রচেষ্টায় এ উদ্যোগ সফল হবে। পরে আলোচনা সভা ও দোয়া মাহফিল অনুষ্ঠিত হয়।

নিজস্ব প্রতিবেদক জানান, রাজধানীসহ দেশের বিভিন্ন স্থানে আজ নানা কর্মসূচির মাধ্যমে দিনটি পালিত হয়েছে। এ উপলক্ষে সংশ্লিষ্ট কর্তৃপক্ষ বিস্তারিত কর্মসূচি গ্রহণ করেছে এবং সাধারণ মানুষের অংশগ্রহণ ছিল চোখে পড়ার মতো। সংশ্লিষ্টরা জানান, এ বিষয়ে প্রয়োজনীয় সব ধরনের ব্যবস্থা নেওয়া হয়েছে। স্থানীয় প্রশাসন ও জনপ্রতিনিধিরা উপস্থিত ছিলেন। অনুষ্ঠানে বক্তারা বলেন, সবার সম্মিলিত প্রচেষ্টায় এ উদ্যোগ সফল হবে। পরে আলোচনা সভা ও দোয়া মাহফিল অনুষ্ঠিত হয়।

নিজস্ব প্রতিবেদক জানান, রাজধানীসহ দেশের বিভিন্ন স্থানে আজ নানা কর্মসূচির মাধ্যমে দিনটি পালিত হয়েছে। এ উপলক্ষে সংশ্লিষ্ট কর্তৃপক্ষ বিস্তারিত কর্মসূচি গ্রহণ করেছে এবং সাধারণ মানুষের অংশগ্রহণ ছিল চোখে পড়ার মতো। সংশ্লিষ্টরা জানান, এ বিষয়ে প্রয়োজনীয় সব ধরনের ব্যবস্থা নেওয়া হয়েছে। স্থানীয় প্রশাসন ও জনপ্রতিনিধিরা উপস্থিত ছিলেন। অনুষ্ঠানে বক্তারা বলেন, সবার সম্মিলিত প্রচেষ্টায় এ উদ্যোগ সফল হবে। পরে আলোচনা সভা ও দোয়া মাহফিল অনুষ্ঠিত হয়।

নিজস্ব প্রতিবেদক জানান, রাজধানীসহ দেশের বিভিন্ন স্থানে আজ নানা কর্মসূচির মাধ্যমে দিনটি পালিত হয়েছে। এ উপলক্ষে সংশ্লিষ্ট কর্তৃপক্ষ বিস্তারিত কর্মসূচি গ্রহণ করেছে এবং সাধারণ মানুষের অংশগ্রহণ ছিল চোখে পড়ার মতো। সংশ্লিষ্টরা জানান, এ বিষয়ে প্রয়োজনীয় সব ধরনের ব্যবস্থা নেওয়া হয়েছে। স্থানীয় প্রশাসন ও জনপ্রতিনিধিরা উপস্থিত ছিলেন। অনুষ্ঠানে বক্তারা বলেন, সবার সম্মিলিত প্রচেষ্টায় এ উদ্যোগ সফল হবে। পরে আলোচনা সভা ও দোয়া মাহফিল অনুষ্ঠিত হয়।

নিজস্ব প্রতিবেদক জানান, রাজধানীসহ দেশের বিভিন্ন স্থানে আজ নানা কর্মসূচির মাধ্যমে দিনটি পালিত হয়েছে। এ উপলক্ষে সংশ্লিষ্ট কর্তৃপক্ষ বিস্তারিত কর্মসূচি গ্রহণ করেছে এবং সাধারণ মানুষের অংশগ্রহণ ছিল চোখে পড়ার মতো। সংশ্লিষ্টরা জানান, এ বিষয়ে প্রয়োজনীয় সব ধরনের ব্যবস্থা নেওয়া হয়েছে। স্থানীয় প্রশাসন ও জনপ্রতিনিধিরা উপস্থিত ছিলেন। অনুষ্ঠানে বক্তারা বলেন, সবার সম্মিলিত প্রচেষ্টায় এ উদ্যোগ সফল হবে। পরে আলোচনা সভা ও দোয়া মাহফিল অনুষ্ঠিত হয়।

শিল্প ও বিস্ফোরণ
নিজস্ব প্রতিবেদক

নিজস্ব প্রতিবেদক জানান, রাজধানীসহ দেশের বিভিন্ন স্থানে আজ নানা কর্মসূচির মাধ্যমে দিনটি পালিত হয়েছে। এ উপলক্ষে সংশ্লিষ্ট কর্তৃপক্ষ বিস্তারিত কর্মসূচি গ্রহণ করেছে এবং সাধারণ মানুষের অংশগ্রহণ ছিল চোখে পড়ার মতো। সংশ্লিষ্টরা জানান, এ বিষয়ে প্রয়োজনীয় সব ধরনের ব্যবস্থা নেওয়া হয়েছে। স্থানীয় প্রশাসন ও জনপ্রতিনিধিরা উপস্থিত ছিলেন। অনুষ্ঠানে বক্তারা বলেন, সবার সম্মিলিত প্রচেষ্টায় এ উদ্যোগ সফল হবে। পরে আলোচনা সভা ও দোয়া মাহফিল অনুষ্ঠিত হয়।

নিজস্ব প্রতিবেদক জানান, রাজধানীসহ দেশের বিভিন্ন স্থানে আজ নানা কর্মসূচির মাধ্যমে দিনটি পালিত হয়েছে। এ উপলক্ষে সংশ্লিষ্ট কর্তৃপক্ষ বিস্তারিত কর্মসূচি গ্রহণ করেছে এবং সাধারণ মানুষের অংশগ্রহণ ছিল চোখে পড়ার মতো। সংশ্লিষ্টরা জানান, এ বিষয়ে প্রয়োজনীয় সব ধরনের ব্যবস্থা নেওয়া হয়েছে। স্থানীয় প্রশাসন ও জনপ্রতিনিধিরা উপস্থিত ছিলেন। অনুষ্ঠানে বক্তারা বলেন, সবার সম্মিলিত প্রচেষ্টায় এ উদ্যোগ সফল হবে। পরে আলোচনা সভা ও দোয়া মাহফিল অনুষ্ঠিত হয়।

নিজস্ব প্রতিবেদক জানান, রাজধানীসহ দেশের বিভিন্ন স্থানে আজ নানা কর্মসূচির মাধ্যমে দিনটি পালিত হয়েছে। এ উপলক্ষে সংশ্লিষ্ট কর্তৃপক্ষ বিস্তারিত কর্মসূচি গ্রহণ করেছে এবং সাধারণ মানুষের অংশগ্রহণ ছিল চোখে পড়ার মতো। সংশ্লিষ্টরা জানান, এ বিষয়ে প্রয়োজনীয় সব ধরনের ব্যবস্থা নেওয়া হয়েছে। স্থানীয় প্রশাসন ও জনপ্রতিনিধিরা উপস্থিত ছিলেন। অনুষ্ঠানে বক্তারা বলেন, সবার সম্মিলিত প্রচেষ্টায় এ উদ্যোগ সফল হবে। পরে আলোচনা সভা ও দোয়া মাহফিল অনুষ্ঠিত হয়।

নিজস্ব প্রতিবেদক জানান, রাজধানীসহ দেশের বিভিন্ন স্থানে আজ নানা কর্মসূচির মাধ্যমে দিনটি পালিত হয়েছে। এ উপলক্ষে সংশ্লিষ্ট কর্তৃপক্ষ বিস্তারিত কর্মসূচি গ্রহণ করেছে এবং সাধারণ মানুষের অংশগ্রহণ ছিল চোখে পড়ার মতো। সংশ্লিষ্টরা জানান, এ বিষয়ে প্রয়োজনীয় সব ধরনের ব্যবস্থা নেওয়া হয়েছে। স্থানীয় প্রশাসন ও জনপ্রতিনিধিরা উপস্থিত ছিলেন। অনুষ্ঠানে বক্তারা বলেন, সবার সম্মিলিত প্রচেষ্টায় এ উদ্যোগ সফল হবে। পরে আলোচনা সভা ও দোয়া মাহফিল অনুষ্ঠিত হয়।

নিজস্ব প্রতিবেদক জানান, রাজধানীসহ দেশের বিভিন্ন স্থানে আজ নানা কর্মসূচির মাধ্যমে দিনটি পালিত হয়েছে। এ উপলক্ষে সংশ্লিষ্ট কর্তৃপক্ষ বিস্তারিত কর্মসূচি গ্রহণ করেছে এবং সাধারণ মানুষের অংশগ্রহণ ছিল চোখে পড়ার মতো। সংশ্লিষ্টরা জানান, এ বিষয়ে প্রয়োজনীয় সব ধরনের ব্যবস্থা নেওয়া হয়েছে। স্থানীয় প্রশাসন ও জনপ্রতিনিধিরা উপস্থিত ছিলেন। অনুষ্ঠানে বক্তারা বলেন, সবার সম্মিলিত প্রচেষ্টায় এ উদ্যোগ সফল হবে। পরে আলোচনা সভা ও দোয়া মাহফিল অনুষ্ঠিত হয়।

পুলিশের হেফাজত
নিজস্ব প্রতিবেদক

নিজস্ব প্রতিবেদক জানান, রাজধানীসহ দেশের বিভিন্ন স্থানে আজ নানা কর্মসূচির মাধ্যমে দিনটি পালিত হয়েছে। এ উপলক্ষে সংশ্লিষ্ট কর্তৃপক্ষ বিস্তারিত কর্মসূচি গ্রহণ করেছে এবং সাধারণ মানুষের অংশগ্রহণ ছিল চোখে পড়ার মতো। সংশ্লিষ্টরা জানান, এ বিষয়ে প্রয়োজনীয় সব ধরনের ব্যবস্থা নেওয়া হয়েছে। স্থানীয় প্রশাসন ও জনপ্রতিনিধিরা উপস্থিত ছিলেন। অনুষ্ঠানে বক্তারা বলেন, সবার সম্মিলিত প্রচেষ্টায় এ উদ্যোগ সফল হবে। পরে আলোচনা সভা ও দোয়া মাহফিল অনুষ্ঠিত হয়।

নিজস্ব প্রতিবেদক জানান, রাজধানীসহ দেশের বিভিন্ন স্থানে আজ নানা কর্মসূচির মাধ্যমে দিনটি পালিত হয়েছে। এ উপলক্ষে সংশ্লিষ্ট কর্তৃপক্ষ বিস্তারিত কর্মসূচি গ্রহণ করেছে এবং সাধারণ মানুষের অংশগ্রহণ ছিল চোখে পড়ার মতো। সংশ্লিষ্টরা জানান, এ বিষয়ে প্রয়োজনীয় সব ধরনের ব্যবস্থা নেওয়া হয়েছে। স্থানীয় প্রশাসন ও জনপ্রতিনিধিরা উপস্থিত ছিলেন। অনুষ্ঠানে বক্তারা বলেন, সবার সম্মিলিত প্রচেষ্টায় এ উদ্যোগ সফল হবে। পরে আলোচনা সভা ও দোয়া মাহফিল অনুষ্ঠিত হয়।

নিজস্ব প্রতিবেদক জানান, রাজধানীসহ দেশের বিভিন্ন স্থানে আজ নানা কর্মসূচির মাধ্যমে দিনটি পালিত হয়েছে। এ উপলক্ষে সংশ্লিষ্ট কর্তৃপক্ষ বিস্তারিত কর্মসূচি গ্রহণ করেছে এবং সাধারণ মানুষের অংশগ্রহণ ছিল চোখে পড়ার মতো। সংশ্লিষ্টরা জানান, এ বিষয়ে প্রয়োজনীয় সব ধরনের ব্যবস্থা নেওয়া হয়েছে। স্থানীয় প্রশাসন ও জনপ্রতিনিধিরা উপস্থিত ছিলেন। অনুষ্ঠানে বক্তারা বলেন, সবার সম্মিলিত প্রচেষ্টায় এ উদ্যোগ সফল হবে। পরে আলোচনা সভা ও দোয়া মাহফিল অনুষ্ঠিত হয়।

নিজস্ব প্রতিবেদক জানান, রাজধানীসহ দেশের বিভিন্ন স্থানে আজ নানা কর্মসূচির মাধ্যমে দিনটি পালিত হয়েছে। এ উপলক্ষে সংশ্লিষ্ট কর্তৃপক্ষ বিস্তারিত কর্মসূচি গ্রহণ করেছে এবং সাধারণ মানুষের অংশগ্রহণ ছিল চোখে পড়ার মতো। সংশ্লিষ্টরা জানান, এ বিষয়ে প্রয়োজনীয় সব ধরনের ব্যবস্থা নেওয়া হয়েছে। স্থানীয় প্রশাসন ও জনপ্রতিনিধিরা উপস্থিত ছিলেন। অনুষ্ঠানে বক্তারা বলেন, সবার সম্মিলিত প্রচেষ্টায় এ উদ্যোগ সফল হবে। পরে আলোচনা সভা ও দোয়া মাহফিল অনুষ্ঠিত হয়।

নিজস্ব প্রতিবেদক জানান, রাজধানীসহ দেশের বিভিন্ন স্থানে আজ নানা কর্মসূচির মাধ্যমে দিনটি পালিত হয়েছে। এ উপলক্ষে সংশ্লিষ্ট কর্তৃপক্ষ বিস্তারিত কর্মসূচি গ্রহণ করেছে এবং সাধারণ মানুষের অংশগ্রহণ ছিল চোখে পড়ার মতো। সংশ্লিষ্টরা জানান, এ বিষয়ে প্রয়োজনীয় সব ধরনের ব্যবস্থা নেওয়া হয়েছে। স্থানীয় প্রশাসন ও জনপ্রতিনিধিরা উপস্থিত ছিলেন। অনুষ্ঠানে বক্তারা বলেন, সবার সম্মিলিত প্রচেষ্টায় এ উদ্যোগ সফল হবে। পরে আলোচনা সভা ও দোয়া মাহফিল অনুষ্ঠিত হয়।

নিজস্ব প্রতিবেদক জানান, রাজধানীসহ দেশের বিভিন্ন স্থানে আজ নানা কর্মসূচির মাধ্যমে দিনটি পালিত হয়েছে। এ উপলক্ষে সংশ্লিষ্ট কর্তৃপক্ষ বিস্তারিত কর্মসূচি গ্রহণ করেছে এবং সাধারণ মানুষের অংশগ্রহণ ছিল চোখে পড়ার মতো। সংশ্লিষ্টরা জানান, এ বিষয়ে প্রয়োজনীয় সব ধরনের ব্যবস্থা নেওয়া হয়েছে। স্থানীয় প্রশাসন ও জনপ্রতিনিধিরা উপস্থিত ছিলেন। অনুষ্ঠানে বক্তারা বলেন, সবার সম্মিলিত প্রচেষ্টায় এ উদ্যোগ সফল হবে। পরে আলোচনা সভা ও দোয়া মাহফিল অনুষ্ঠিত হয়।

নিজস্ব প্রতিবেদক জানান, রাজধানীসহ দেশের বিভিন্ন স্থানে আজ নানা কর্মসূচির মাধ্যমে দিনটি পালিত হয়েছে। এ উপলক্ষে সংশ্লিষ্ট কর্তৃপক্ষ বিস্তারিত কর্মসূচি গ্রহণ করেছে এবং সাধারণ মানুষের অংশগ্রহণ ছিল চোখে পড়ার মতো। সংশ্লিষ্টরা জানান, এ বিষয়ে প্রয়োজনীয় সব ধরনের ব্যবস্থা নেওয়া হয়েছে। স্থানীয় প্রশাসন ও জনপ্রতিনিধিরা উপস্থিত ছিলেন। অনুষ্ঠানে বক্তারা বলেন, সবার সম্মিলিত প্রচেষ্টায় এ উদ্যোগ সফল হবে। পরে আলোচনা সভা ও দোয়া মাহফিল অনুষ্ঠিত হয়।

দেশের ৪০ শতাংশ
নিজস্ব প্রতিবেদক

নিজস্ব প্রতিবেদক জানান, রাজধানীসহ দেশের বিভিন্ন স্থানে আজ নানা কর্মসূচির মাধ্যমে দিনটি পালিত হয়েছে। এ উপলক্ষে সংশ্লিষ্ট কর্তৃপক্ষ বিস্তারিত কর্মসূচি গ্রহণ করেছে এবং সাধারণ মানুষের অংশগ্রহণ ছিল চোখে পড়ার মতো। সংশ্লিষ্টরা জানান, এ বিষয়ে প্রয়োজনীয় সব ধরনের ব্যবস্থা নেওয়া হয়েছে। স্থানীয় প্রশাসন ও জনপ্রতিনিধিরা উপস্থিত ছিলেন। অনুষ্ঠানে বক্তারা বলেন, সবার সম্মিলিত প্রচেষ্টায় এ উদ্যোগ সফল হবে। পরে আলোচনা সভা ও দোয়া মাহফিল অনুষ্ঠিত হয়।

নিজস্ব প্রতিবেদক জানান, রাজধানীসহ দেশের বিভিন্ন স্থানে আজ নানা কর্মসূচির মাধ্যমে দিনটি পালিত হয়েছে। এ উপলক্ষে সংশ্লিষ্ট কর্তৃপক্ষ বিস্তারিত কর্মসূচি গ্রহণ করেছে এবং সাধারণ মানুষের অংশগ্রহণ ছিল চোখে পড়ার মতো। সংশ্লিষ্টরা জানান, এ বিষয়ে প্রয়োজনীয় সব ধরনের ব্যবস্থা নেওয়া হয়েছে। স্থানীয় প্রশাসন ও জনপ্রতিনিধিরা উপস্থিত ছিলেন। অনুষ্ঠানে বক্তারা বলেন, সবার সম্মিলিত প্রচেষ্টায় এ উদ্যোগ সফল হবে। পরে আলোচনা সভা ও দোয়া মাহফিল অনুষ্ঠিত হয়।

নিজস্ব প্রতিবেদক জানান, রাজধানীসহ দেশের বিভিন্ন স্থানে আজ নানা কর্মসূচির মাধ্যমে দিনটি পালিত হয়েছে। এ উপলক্ষে সংশ্লিষ্ট কর্তৃপক্ষ বিস্তারিত কর্মসূচি গ্রহণ করেছে এবং সাধারণ মানুষের অংশগ্রহণ ছিল চোখে পড়ার মতো। সংশ্লিষ্টরা জানান, এ বিষয়ে প্রয়োজনীয় সব ধরনের ব্যবস্থা নেওয়া হয়েছে। স্থানীয় প্রশাসন ও জনপ্রতিনিধিরা উপস্থিত ছিলেন। অনুষ্ঠানে বক্তারা বলেন, সবার সম্মিলিত প্রচেষ্টায় এ উদ্যোগ সফল হবে। পরে আলোচনা সভা ও দোয়া মাহফিল অনুষ্ঠিত হয়।

নিজস্ব প্রতিবেদক জানান, রাজধানীসহ দেশের বিভিন্ন স্থানে আজ নানা কর্মসূচির মাধ্যমে দিনটি পালিত হয়েছে। এ উপলক্ষে সংশ্লিষ্ট কর্তৃপক্ষ বিস্তারিত কর্মসূচি গ্রহণ করেছে এবং সাধারণ মানুষের অংশগ্রহণ ছিল চোখে পড়ার মতো। সংশ্লিষ্টরা জানান, এ বিষয়ে প্রয়োজনীয় সব ধরনের ব্যবস্থা নেওয়া হয়েছে। স্থানীয় প্রশাসন ও জনপ্রতিনিধিরা উপস্থিত ছিলেন। অনুষ্ঠানে বক্তারা বলেন, সবার সম্মিলিত প্রচেষ্টায় এ উদ্যোগ সফল হবে। পরে আলোচনা সভা ও দোয়া মাহফিল অনুষ্ঠিত হয়।

নিজস্ব প্রতিবেদক জানান, রাজধানীসহ দেশের বিভিন্ন স্থানে আজ নানা কর্মসূচির মাধ্যমে দিনটি পালিত হয়েছে। এ উপলক্ষে সংশ্লিষ্ট কর্তৃপক্ষ বিস্তারিত কর্মসূচি গ্রহণ করেছে এবং সাধারণ মানুষের অংশগ্রহণ ছিল চোখে পড়ার মতো। সংশ্লিষ্টরা জানান, এ বিষয়ে প্রয়োজনীয় সব ধরনের ব্যবস্থা নেওয়া হয়েছে। স্থানীয় প্রশাসন ও জনপ্রতিনিধিরা উপস্থিত ছিলেন। অনুষ্ঠানে বক্তারা বলেন, সবার সম্মিলিত প্রচেষ্টায় এ উদ্যোগ সফল হবে। পরে আলোচনা সভা ও দোয়া মাহফিল অনুষ্ঠিত হয়।

নিজস্ব প্রতিবেদক জানান, রাজধানীসহ দেশের বিভিন্ন স্থানে আজ নানা কর্মসূচির মাধ্যমে দিনটি পালিত হয়েছে। এ উপলক্ষে সংশ্লিষ্ট কর্তৃপক্ষ বিস্তারিত কর্মসূচি গ্রহণ করেছে এবং সাধারণ মানুষের অংশগ্রহণ ছিল চোখে পড়ার মতো। সংশ্লিষ্টরা জানান, এ বিষয়ে প্রয়োজনীয় সব ধরনের ব্যবস্থা নেওয়া হয়েছে। স্থানীয় প্রশাসন ও জনপ্রতিনিধিরা উপস্থিত ছিলেন। অনুষ্ঠানে বক্তারা বলেন, সবার সম্মিলিত প্রচেষ্টায় এ উদ্যোগ সফল হবে। পরে আলোচনা সভা ও দোয়া মাহফিল অনুষ্ঠিত হয়।

নিজস্ব প্রতিবেদক জানান, রাজধানীসহ দেশের বিভিন্ন স্থানে আজ নানা কর্মসূচির মাধ্যমে দিনটি পালিত হয়েছে। এ উপলক্ষে সংশ্লিষ্ট কর্তৃপক্ষ বিস্তারিত কর্মসূচি গ্রহণ করেছে এবং সাধারণ মানুষের অংশগ্রহণ ছিল চোখে পড়ার মতো। সংশ্লিষ্টরা জানান, এ বিষয়ে প্রয়োজনীয় সব ধরনের ব্যবস্থা নেওয়া হয়েছে। স্থানীয় প্রশাসন ও জনপ্রতিনিধিরা উপস্থিত ছিলেন। অনুষ্ঠানে বক্তারা বলেন, সবার সম্মিলিত প্রচেষ্টায় এ উদ্যোগ সফল হবে। পরে আলোচনা সভা ও দোয়া মাহফিল অনুষ্ঠিত হয়।

রাখী দাশ পুরকায়স্থ মারা গেছেন
নিজস্ব প্রতিবেদক

নিজস্ব প্রতিবেদক জানান, রাজধানীসহ দেশের বিভিন্ন স্থানে আজ নানা কর্মসূচির মাধ্যমে দিনটি পালিত হয়েছে। এ উপলক্ষে সংশ্লিষ্ট কর্তৃপক্ষ বিস্তারিত কর্মসূচি গ্রহণ করেছে এবং সাধারণ মানুষের অংশগ্রহণ ছিল চোখে পড়ার মতো। সংশ্লিষ্টরা জানান, এ বিষয়ে প্রয়োজনীয় সব ধরনের ব্যবস্থা নেওয়া হয়েছে। স্থানীয় প্রশাসন ও জনপ্রতিনিধিরা উপস্থিত ছিলেন। অনুষ্ঠানে বক্তারা বলেন, সবার সম্মিলিত প্রচেষ্টায় এ উদ্যোগ সফল হবে। পরে আলোচনা সভা ও দোয়া মাহফিল অনুষ্ঠিত হয়।

নিজস্ব প্রতিবেদক জানান, রাজধানীসহ দেশের বিভিন্ন স্থানে আজ নানা কর্মসূচির মাধ্যমে দিনটি পালিত হয়েছে। এ উপলক্ষে সংশ্লিষ্ট কর্তৃপক্ষ বিস্তারিত কর্মসূচি গ্রহণ করেছে এবং সাধারণ মানুষের অংশগ্রহণ ছিল চোখে পড়ার মতো। সংশ্লিষ্টরা জানান, এ বিষয়ে প্রয়োজনীয় সব ধরনের ব্যবস্থা নেওয়া হয়েছে। স্থানীয় প্রশাসন ও জনপ্রতিনিধিরা উপস্থিত ছিলেন। অনুষ্ঠানে বক্তারা বলেন, সবার সম্মিলিত প্রচেষ্টায় এ উদ্যোগ সফল হবে। পরে আলোচনা সভা ও দোয়া মাহফিল অনুষ্ঠিত হয়।

নিজস্ব প্রতিবেদক জানান, রাজধানীসহ দেশের বিভিন্ন স্থানে আজ নানা কর্মসূচির মাধ্যমে দিনটি পালিত হয়েছে। এ উপলক্ষে সংশ্লিষ্ট কর্তৃপক্ষ বিস্তারিত কর্মসূচি গ্রহণ করেছে এবং সাধারণ মানুষের অংশগ্রহণ ছিল চোখে পড়ার মতো। সংশ্লিষ্টরা জানান, এ বিষয়ে প্রয়োজনীয় সব ধরনের ব্যবস্থা নেওয়া হয়েছে। স্থানীয় প্রশাসন ও জনপ্রতিনিধিরা উপস্থিত ছিলেন। অনুষ্ঠানে বক্তারা বলেন, সবার সম্মিলিত প্রচেষ্টায় এ উদ্যোগ সফল হবে। পরে আলোচনা সভা ও দোয়া মাহফিল অনুষ্ঠিত হয়।

নিজস্ব প্রতিবেদক জানান, রাজধানীসহ দেশের বিভিন্ন স্থানে আজ নানা কর্মসূচির মাধ্যমে দিনটি পালিত হয়েছে। এ উপলক্ষে সংশ্লিষ্ট কর্তৃপক্ষ বিস্তারিত কর্মসূচি গ্রহণ করেছে এবং সাধারণ মানুষের অংশগ্রহণ ছিল চোখে পড়ার মতো। সংশ্লিষ্টরা জানান, এ বিষয়ে প্রয়োজনীয় সব ধরনের ব্যবস্থা নেওয়া হয়েছে। স্থানীয় প্রশাসন ও জনপ্রতিনিধিরা উপস্থিত ছিলেন। অনুষ্ঠানে বক্তারা বলেন, সবার সম্মিলিত প্রচেষ্টায় এ উদ্যোগ সফল হবে। পরে আলোচনা সভা ও দোয়া মাহফিল অনুষ্ঠিত হয়।

গার্মেন্টে মালিকরা ছিনতাই ফেরেছেন: ঢাকা
নিজস্ব প্রতিবেদক

নিজস্ব প্রতিবেদক জানান, রাজধানীসহ দেশের বিভিন্ন স্থানে আজ নানা কর্মসূচির মাধ্যমে দিনটি পালিত হয়েছে। এ উপলক্ষে সংশ্লিষ্ট কর্তৃপক্ষ বিস্তারিত কর্মসূচি গ্রহণ করেছে এবং সাধারণ মানুষের অংশগ্রহণ ছিল চোখে পড়ার মতো। সংশ্লিষ্টরা জানান, এ বিষয়ে প্রয়োজনীয় সব ধরনের ব্যবস্থা নেওয়া হয়েছে। স্থানীয় প্রশাসন ও জনপ্রতিনিধিরা উপস্থিত ছিলেন। অনুষ্ঠানে বক্তারা বলেন, সবার সম্মিলিত প্রচেষ্টায় এ উদ্যোগ সফল হবে। পরে আলোচনা সভা ও দোয়া মাহফিল অনুষ্ঠিত হয়।

নিজস্ব প্রতিবেদক জানান, রাজধানীসহ দেশের বিভিন্ন স্থানে আজ নানা কর্মসূচির মাধ্যমে দিনটি পালিত হয়েছে। এ উপলক্ষে সংশ্লিষ্ট কর্তৃপক্ষ বিস্তারিত কর্মসূচি গ্রহণ করেছে এবং সাধারণ মানুষের অংশগ্রহণ ছিল চোখে পড়ার মতো। সংশ্লিষ্টরা জানান, এ বিষয়ে প্রয়োজনীয় সব ধরনের ব্যবস্থা নেওয়া হয়েছে। স্থানীয় প্রশাসন ও জনপ্রতিনিধিরা উপস্থিত ছিলেন। অনুষ্ঠানে বক্তারা বলেন, সবার সম্মিলিত প্রচেষ্টায় এ উদ্যোগ সফল হবে। পরে আলোচনা সভা ও দোয়া মাহফিল অনুষ্ঠিত হয়।

সর্বাধিক গুরুত্ব দিতে
নিজস্ব প্রতিবেদক

নিজস্ব প্রতিবেদক জানান, রাজধানীসহ দেশের বিভিন্ন স্থানে আজ নানা কর্মসূচির মাধ্যমে দিনটি পালিত হয়েছে। এ উপলক্ষে সংশ্লিষ্ট কর্তৃপক্ষ বিস্তারিত কর্মসূচি গ্রহণ করেছে এবং সাধারণ মানুষের অংশগ্রহণ ছিল চোখে পড়ার মতো। সংশ্লিষ্টরা জানান, এ বিষয়ে প্রয়োজনীয় সব ধরনের ব্যবস্থা নেওয়া হয়েছে। স্থানীয় প্রশাসন ও জনপ্রতিনিধিরা উপস্থিত ছিলেন। অনুষ্ঠানে বক্তারা বলেন, সবার সম্মিলিত প্রচেষ্টায় এ উদ্যোগ সফল হবে। পরে আলোচনা সভা ও দোয়া মাহফিল অনুষ্ঠিত হয়।

নিজস্ব প্রতিবেদক জানান, রাজধানীসহ দেশের বিভিন্ন স্থানে আজ নানা কর্মসূচির মাধ্যমে দিনটি পালিত হয়েছে। এ উপলক্ষে সংশ্লিষ্ট কর্তৃপক্ষ বিস্তারিত কর্মসূচি গ্রহণ করেছে এবং সাধারণ মানুষের অংশগ্রহণ ছিল চোখে পড়ার মতো। সংশ্লিষ্টরা জানান, এ বিষয়ে প্রয়োজনীয় সব ধরনের ব্যবস্থা নেওয়া হয়েছে। স্থানীয় প্রশাসন ও জনপ্রতিনিধিরা উপস্থিত ছিলেন। অনুষ্ঠানে বক্তারা বলেন, সবার সম্মিলিত প্রচেষ্টায় এ উদ্যোগ সফল হবে। পরে আলোচনা সভা ও দোয়া মাহফিল অনুষ্ঠিত হয়।

নিজস্ব প্রতিবেদক জানান, রাজধানীসহ দেশের বিভিন্ন স্থানে আজ নানা কর্মসূচির মাধ্যমে দিনটি পালিত হয়েছে। এ উপলক্ষে সংশ্লিষ্ট কর্তৃপক্ষ বিস্তারিত কর্মসূচি গ্রহণ করেছে এবং সাধারণ মানুষের অংশগ্রহণ ছিল চোখে পড়ার মতো। সংশ্লিষ্টরা জানান, এ বিষয়ে প্রয়োজনীয় সব ধরনের ব্যবস্থা নেওয়া হয়েছে। স্থানীয় প্রশাসন ও জনপ্রতিনিধিরা উপস্থিত ছিলেন। অনুষ্ঠানে বক্তারা বলেন, সবার সম্মিলিত প্রচেষ্টায় এ উদ্যোগ সফল হবে। পরে আলোচনা সভা ও দোয়া মাহফিল অনুষ্ঠিত হয়।

নিজস্ব প্রতিবেদক জানান, রাজধানীসহ দেশের বিভিন্ন স্থানে আজ নানা কর্মসূচির মাধ্যমে দিনটি পালিত হয়েছে। এ উপলক্ষে সংশ্লিষ্ট কর্তৃপক্ষ বিস্তারিত কর্মসূচি গ্রহণ করেছে এবং সাধারণ মানুষের অংশগ্রহণ ছিল চোখে পড়ার মতো। সংশ্লিষ্টরা জানান, এ বিষয়ে প্রয়োজনীয় সব ধরনের ব্যবস্থা নেওয়া হয়েছে। স্থানীয় প্রশাসন ও জনপ্রতিনিধিরা উপস্থিত ছিলেন। অনুষ্ঠানে বক্তারা বলেন, সবার সম্মিলিত প্রচেষ্টায় এ উদ্যোগ সফল হবে। পরে আলোচনা সভা ও দোয়া মাহফিল অনুষ্ঠিত হয়।

নিজস্ব প্রতিবেদক জানান, রাজধানীসহ দেশের বিভিন্ন স্থানে আজ নানা কর্মসূচির মাধ্যমে দিনটি পালিত হয়েছে। এ উপলক্ষে সংশ্লিষ্ট কর্তৃপক্ষ বিস্তারিত কর্মসূচি গ্রহণ করেছে এবং সাধারণ মানুষের অংশগ্রহণ ছিল চোখে পড়ার মতো। সংশ্লিষ্টরা জানান, এ বিষয়ে প্রয়োজনীয় সব ধরনের ব্যবস্থা নেওয়া হয়েছে। স্থানীয় প্রশাসন ও জনপ্রতিনিধিরা উপস্থিত ছিলেন। অনুষ্ঠানে বক্তারা বলেন, সবার সম্মিলিত প্রচেষ্টায় এ উদ্যোগ সফল হবে। পরে আলোচনা সভা ও দোয়া মাহফিল অনুষ্ঠিত হয়।

নিজস্ব প্রতিবেদক জানান, রাজধানীসহ দেশের বিভিন্ন স্থানে আজ নানা কর্মসূচির মাধ্যমে দিনটি পালিত হয়েছে। এ উপলক্ষে সংশ্লিষ্ট কর্তৃপক্ষ বিস্তারিত কর্মসূচি গ্রহণ করেছে এবং সাধারণ মানুষের অংশগ্রহণ ছিল চোখে পড়ার মতো। সংশ্লিষ্টরা জানান, এ বিষয়ে প্রয়োজনীয় সব ধরনের ব্যবস্থা নেওয়া হয়েছে। স্থানীয় প্রশাসন ও জনপ্রতিনিধিরা উপস্থিত ছিলেন। অনুষ্ঠানে বক্তারা বলেন, সবার সম্মিলিত প্রচেষ্টায় এ উদ্যোগ সফল হবে। পরে আলোচনা সভা ও দোয়া মাহফিল অনুষ্ঠিত হয়।

ব্রাহ্মণবাড়িয়ার রায়ের
নিজস্ব প্রতিবেদক

নিজস্ব প্রতিবেদক জানান, রাজধানীসহ দেশের বিভিন্ন স্থানে আজ নানা কর্মসূচির মাধ্যমে দিনটি পালিত হয়েছে। এ উপলক্ষে সংশ্লিষ্ট কর্তৃপক্ষ বিস্তারিত কর্মসূচি গ্রহণ করেছে এবং সাধারণ মানুষের অংশগ্রহণ ছিল চোখে পড়ার মতো। সংশ্লিষ্টরা জানান, এ বিষয়ে প্রয়োজনীয় সব ধরনের ব্যবস্থা নেওয়া হয়েছে। স্থানীয় প্রশাসন ও জনপ্রতিনিধিরা উপস্থিত ছিলেন। অনুষ্ঠানে বক্তারা বলেন, সবার সম্মিলিত প্রচেষ্টায় এ উদ্যোগ সফল হবে। পরে আলোচনা সভা ও দোয়া মাহফিল অনুষ্ঠিত হয়।

নিজস্ব প্রতিবেদক জানান, রাজধানীসহ দেশের বিভিন্ন স্থানে আজ নানা কর্মসূচির মাধ্যমে দিনটি পালিত হয়েছে। এ উপলক্ষে সংশ্লিষ্ট কর্তৃপক্ষ বিস্তারিত কর্মসূচি গ্রহণ করেছে এবং সাধারণ মানুষের অংশগ্রহণ ছিল চোখে পড়ার মতো। সংশ্লিষ্টরা জানান, এ বিষয়ে প্রয়োজনীয় সব ধরনের ব্যবস্থা নেওয়া হয়েছে। স্থানীয় প্রশাসন ও জনপ্রতিনিধিরা উপস্থিত ছিলেন। অনুষ্ঠানে বক্তারা বলেন, সবার সম্মিলিত প্রচেষ্টায় এ উদ্যোগ সফল হবে। পরে আলোচনা সভা ও দোয়া মাহফিল অনুষ্ঠিত হয়।

নিজস্ব প্রতিবেদক জানান, রাজধানীসহ দেশের বিভিন্ন স্থানে আজ নানা কর্মসূচির মাধ্যমে দিনটি পালিত হয়েছে। এ উপলক্ষে সংশ্লিষ্ট কর্তৃপক্ষ বিস্তারিত কর্মসূচি গ্রহণ করেছে এবং সাধারণ মানুষের অংশগ্রহণ ছিল চোখে পড়ার মতো। সংশ্লিষ্টরা জানান, এ বিষয়ে প্রয়োজনীয় সব ধরনের ব্যবস্থা নেওয়া হয়েছে। স্থানীয় প্রশাসন ও জনপ্রতিনিধিরা উপস্থিত ছিলেন। অনুষ্ঠানে বক্তারা বলেন, সবার সম্মিলিত প্রচেষ্টায় এ উদ্যোগ সফল হবে। পরে আলোচনা সভা ও দোয়া মাহফিল অনুষ্ঠিত হয়।

নিজস্ব প্রতিবেদক জানান, রাজধানীসহ দেশের বিভিন্ন স্থানে আজ নানা কর্মসূচির মাধ্যমে দিনটি পালিত হয়েছে। এ উপলক্ষে সংশ্লিষ্ট কর্তৃপক্ষ বিস্তারিত কর্মসূচি গ্রহণ করেছে এবং সাধারণ মানুষের অংশগ্রহণ ছিল চোখে পড়ার মতো। সংশ্লিষ্টরা জানান, এ বিষয়ে প্রয়োজনীয় সব ধরনের ব্যবস্থা নেওয়া হয়েছে। স্থানীয় প্রশাসন ও জনপ্রতিনিধিরা উপস্থিত ছিলেন। অনুষ্ঠানে বক্তারা বলেন, সবার সম্মিলিত প্রচেষ্টায় এ উদ্যোগ সফল হবে। পরে আলোচনা সভা ও দোয়া মাহফিল অনুষ্ঠিত হয়।

বিশেষ দগ্ধ
নিজস্ব প্রতিবেদক

নিজস্ব প্রতিবেদক জানান, রাজধানীসহ দেশের বিভিন্ন স্থানে আজ নানা কর্মসূচির মাধ্যমে দিনটি পালিত হয়েছে। এ উপলক্ষে সংশ্লিষ্ট কর্তৃপক্ষ বিস্তারিত কর্মসূচি গ্রহণ করেছে এবং সাধারণ মানুষের অংশগ্রহণ ছিল চোখে পড়ার মতো। সংশ্লিষ্টরা জানান, এ বিষয়ে প্রয়োজনীয় সব ধরনের ব্যবস্থা নেওয়া হয়েছে। স্থানীয় প্রশাসন ও জনপ্রতিনিধিরা উপস্থিত ছিলেন। অনুষ্ঠানে বক্তারা বলেন, সবার সম্মিলিত প্রচেষ্টায় এ উদ্যোগ সফল হবে। পরে আলোচনা সভা ও দোয়া মাহফিল অনুষ্ঠিত হয়।

নিজস্ব প্রতিবেদক জানান, রাজধানীসহ দেশের বিভিন্ন স্থানে আজ নানা কর্মসূচির মাধ্যমে দিনটি পালিত হয়েছে। এ উপলক্ষে সংশ্লিষ্ট কর্তৃপক্ষ বিস্তারিত কর্মসূচি গ্রহণ করেছে এবং সাধারণ মানুষের অংশগ্রহণ ছিল চোখে পড়ার মতো। সংশ্লিষ্টরা জানান, এ বিষয়ে প্রয়োজনীয় সব ধরনের ব্যবস্থা নেওয়া হয়েছে। স্থানীয় প্রশাসন ও জনপ্রতিনিধিরা উপস্থিত ছিলেন। অনুষ্ঠানে বক্তারা বলেন, সবার সম্মিলিত প্রচেষ্টায় এ উদ্যোগ সফল হবে। পরে আলোচনা সভা ও দোয়া মাহফিল অনুষ্ঠিত হয়।

নিজস্ব প্রতিবেদক জানান, রাজধানীসহ দেশের বিভিন্ন স্থানে আজ নানা কর্মসূচির মাধ্যমে দিনটি পালিত হয়েছে। এ উপলক্ষে সংশ্লিষ্ট কর্তৃপক্ষ বিস্তারিত কর্মসূচি গ্রহণ করেছে এবং সাধারণ মানুষের অংশগ্রহণ ছিল চোখে পড়ার মতো। সংশ্লিষ্টরা জানান, এ বিষয়ে প্রয়োজনীয় সব ধরনের ব্যবস্থা নেওয়া হয়েছে। স্থানীয় প্রশাসন ও জনপ্রতিনিধিরা উপস্থিত ছিলেন। অনুষ্ঠানে বক্তারা বলেন, সবার সম্মিলিত প্রচেষ্টায় এ উদ্যোগ সফল হবে। পরে আলোচনা সভা ও দোয়া মাহফিল অনুষ্ঠিত হয়।

নিজস্ব প্রতিবেদক জানান, রাজধানীসহ দেশের বিভিন্ন স্থানে আজ নানা কর্মসূচির মাধ্যমে দিনটি পালিত হয়েছে। এ উপলক্ষে সংশ্লিষ্ট কর্তৃপক্ষ বিস্তারিত কর্মসূচি গ্রহণ করেছে এবং সাধারণ মানুষের অংশগ্রহণ ছিল চোখে পড়ার মতো। সংশ্লিষ্টরা জানান, এ বিষয়ে প্রয়োজনীয় সব ধরনের ব্যবস্থা নেওয়া হয়েছে। স্থানীয় প্রশাসন ও জনপ্রতিনিধিরা উপস্থিত ছিলেন। অনুষ্ঠানে বক্তারা বলেন, সবার সম্মিলিত প্রচেষ্টায় এ উদ্যোগ সফল হবে। পরে আলোচনা সভা ও দোয়া মাহফিল অনুষ্ঠিত হয়।

বাংলাদেশে প্রতিবেদক
নিজস্ব প্রতিবেদক

নিজস্ব প্রতিবেদক জানান, রাজধানীসহ দেশের বিভিন্ন স্থানে আজ নানা কর্মসূচির মাধ্যমে দিনটি পালিত হয়েছে। এ উপলক্ষে সংশ্লিষ্ট কর্তৃপক্ষ বিস্তারিত কর্মসূচি গ্রহণ করেছে এবং সাধারণ মানুষের অংশগ্রহণ ছিল চোখে পড়ার মতো। সংশ্লিষ্টরা জানান, এ বিষয়ে প্রয়োজনীয় সব ধরনের ব্যবস্থা নেওয়া হয়েছে। স্থানীয় প্রশাসন ও জনপ্রতিনিধিরা উপস্থিত ছিলেন। অনুষ্ঠানে বক্তারা বলেন, সবার সম্মিলিত প্রচেষ্টায় এ উদ্যোগ সফল হবে। পরে আলোচনা সভা ও দোয়া মাহফিল অনুষ্ঠিত হয়।

নিজস্ব প্রতিবেদক জানান, রাজধানীসহ দেশের বিভিন্ন স্থানে আজ নানা কর্মসূচির মাধ্যমে দিনটি পালিত হয়েছে। এ উপলক্ষে সংশ্লিষ্ট কর্তৃপক্ষ বিস্তারিত কর্মসূচি গ্রহণ করেছে এবং সাধারণ মানুষের অংশগ্রহণ ছিল চোখে পড়ার মতো। সংশ্লিষ্টরা জানান, এ বিষয়ে প্রয়োজনীয় সব ধরনের ব্যবস্থা নেওয়া হয়েছে। স্থানীয় প্রশাসন ও জনপ্রতিনিধিরা উপস্থিত ছিলেন। অনুষ্ঠানে বক্তারা বলেন, সবার সম্মিলিত প্রচেষ্টায় এ উদ্যোগ সফল হবে। পরে আলোচনা সভা ও দোয়া মাহফিল অনুষ্ঠিত হয়।

প্রতিবেদন
নিজস্ব প্রতিবেদক

নিজস্ব প্রতিবেদক জানান, রাজধানীসহ দেশের বিভিন্ন স্থানে আজ নানা কর্মসূচির মাধ্যমে দিনটি পালিত হয়েছে। এ উপলক্ষে সংশ্লিষ্ট কর্তৃপক্ষ বিস্তারিত কর্মসূচি গ্রহণ করেছে এবং সাধারণ মানুষের অংশগ্রহণ ছিল চোখে পড়ার মতো। সংশ্লিষ্টরা জানান, এ বিষয়ে প্রয়োজনীয় সব ধরনের ব্যবস্থা নেওয়া হয়েছে। স্থানীয় প্রশাসন ও জনপ্রতিনিধিরা উপস্থিত ছিলেন। অনুষ্ঠানে বক্তারা বলেন, সবার সম্মিলিত প্রচেষ্টায় এ উদ্যোগ সফল হবে। পরে আলোচনা সভা ও দোয়া মাহফিল অনুষ্ঠিত হয়।

সমন্বয়হীনতায় দুর্ভোগ
নিজস্ব প্রতিবেদক

নিজস্ব প্রতিবেদক জানান, রাজধানীসহ দেশের বিভিন্ন স্থানে আজ নানা কর্মসূচির মাধ্যমে দিনটি পালিত হয়েছে। এ উপলক্ষে সংশ্লিষ্ট কর্তৃপক্ষ বিস্তারিত কর্মসূচি গ্রহণ করেছে এবং সাধারণ মানুষের অংশগ্রহণ ছিল চোখে পড়ার মতো। সংশ্লিষ্টরা জানান, এ বিষয়ে প্রয়োজনীয় সব ধরনের ব্যবস্থা নেওয়া হয়েছে। স্থানীয় প্রশাসন ও জনপ্রতিনিধিরা উপস্থিত ছিলেন। অনুষ্ঠানে বক্তারা বলেন, সবার সম্মিলিত প্রচেষ্টায় এ উদ্যোগ সফল হবে। পরে আলোচনা সভা ও দোয়া মাহফিল অনুষ্ঠিত হয়।

নিজস্ব প্রতিবেদক জানান, রাজধানীসহ দেশের বিভিন্ন স্থানে আজ নানা কর্মসূচির মাধ্যমে দিনটি পালিত হয়েছে। এ উপলক্ষে সংশ্লিষ্ট কর্তৃপক্ষ বিস্তারিত কর্মসূচি গ্রহণ করেছে এবং সাধারণ মানুষের অংশগ্রহণ ছিল চোখে পড়ার মতো। সংশ্লিষ্টরা জানান, এ বিষয়ে প্রয়োজনীয় সব ধরনের ব্যবস্থা নেওয়া হয়েছে। স্থানীয় প্রশাসন ও জনপ্রতিনিধিরা উপস্থিত ছিলেন। অনুষ্ঠানে বক্তারা বলেন, সবার সম্মিলিত প্রচেষ্টায় এ উদ্যোগ সফল হবে। পরে আলোচনা সভা ও দোয়া মাহফিল অনুষ্ঠিত হয়।

নিজস্ব প্রতিবেদক জানান, রাজধানীসহ দেশের বিভিন্ন স্থানে আজ নানা কর্মসূচির মাধ্যমে দিনটি পালিত হয়েছে। এ উপলক্ষে সংশ্লিষ্ট কর্তৃপক্ষ বিস্তারিত কর্মসূচি গ্রহণ করেছে এবং সাধারণ মানুষের অংশগ্রহণ ছিল চোখে পড়ার মতো। সংশ্লিষ্টরা জানান, এ বিষয়ে প্রয়োজনীয় সব ধরনের ব্যবস্থা নেওয়া হয়েছে। স্থানীয় প্রশাসন ও জনপ্রতিনিধিরা উপস্থিত ছিলেন। অনুষ্ঠানে বক্তারা বলেন, সবার সম্মিলিত প্রচেষ্টায় এ উদ্যোগ সফল হবে। পরে আলোচনা সভা ও দোয়া মাহফিল অনুষ্ঠিত হয়।

কুলনা গোষ্ঠীর
নিজস্ব প্রতিবেদক

নিজস্ব প্রতিবেদক জানান, রাজধানীসহ দেশের বিভিন্ন স্থানে আজ নানা কর্মসূচির মাধ্যমে দিনটি পালিত হয়েছে। এ উপলক্ষে সংশ্লিষ্ট কর্তৃপক্ষ বিস্তারিত কর্মসূচি গ্রহণ করেছে এবং সাধারণ মানুষের অংশগ্রহণ ছিল চোখে পড়ার মতো। সংশ্লিষ্টরা জানান, এ বিষয়ে প্রয়োজনীয় সব ধরনের ব্যবস্থা নেওয়া হয়েছে। স্থানীয় প্রশাসন ও জনপ্রতিনিধিরা উপস্থিত ছিলেন। অনুষ্ঠানে বক্তারা বলেন, সবার সম্মিলিত প্রচেষ্টায় এ উদ্যোগ সফল হবে। পরে আলোচনা সভা ও দোয়া মাহফিল অনুষ্ঠিত হয়।

হোয়াটসঅ্যাপে চিকিৎসা
নিজস্ব প্রতিবেদক

নিজস্ব প্রতিবেদক জানান, রাজধানীসহ দেশের বিভিন্ন স্থানে আজ নানা কর্মসূচির মাধ্যমে দিনটি পালিত হয়েছে। এ উপলক্ষে সংশ্লিষ্ট কর্তৃপক্ষ বিস্তারিত কর্মসূচি গ্রহণ করেছে এবং সাধারণ মানুষের অংশগ্রহণ ছিল চোখে পড়ার মতো। সংশ্লিষ্টরা জানান, এ বিষয়ে প্রয়োজনীয় সব ধরনের ব্যবস্থা নেওয়া হয়েছে। স্থানীয় প্রশাসন ও জনপ্রতিনিধিরা উপস্থিত ছিলেন। অনুষ্ঠানে বক্তারা বলেন, সবার সম্মিলিত প্রচেষ্টায় এ উদ্যোগ সফল হবে। পরে আলোচনা সভা ও দোয়া মাহফিল অনুষ্ঠিত হয়।

নিজস্ব প্রতিবেদক জানান, রাজধানীসহ দেশের বিভিন্ন স্থানে আজ নানা কর্মসূচির মাধ্যমে দিনটি পালিত হয়েছে। এ উপলক্ষে সংশ্লিষ্ট কর্তৃপক্ষ বিস্তারিত কর্মসূচি গ্রহণ করেছে এবং সাধারণ মানুষের অংশগ্রহণ ছিল চোখে পড়ার মতো। সংশ্লিষ্টরা জানান, এ বিষয়ে প্রয়োজনীয় সব ধরনের ব্যবস্থা নেওয়া হয়েছে। স্থানীয় প্রশাসন ও জনপ্রতিনিধিরা উপস্থিত ছিলেন। অনুষ্ঠানে বক্তারা বলেন, সবার সম্মিলিত প্রচেষ্টায় এ উদ্যোগ সফল হবে। পরে আলোচনা সভা ও দোয়া মাহফিল অনুষ্ঠিত হয়।

বেসরকারি বিশ্ববিদ্যালয়
নিজস্ব প্রতিবেদক

নিজস্ব প্রতিবেদক জানান, রাজধানীসহ দেশের বিভিন্ন স্থানে আজ নানা কর্মসূচির মাধ্যমে দিনটি পালিত হয়েছে। এ উপলক্ষে সংশ্লিষ্ট কর্তৃপক্ষ বিস্তারিত কর্মসূচি গ্রহণ করেছে এবং সাধারণ মানুষের অংশগ্রহণ ছিল চোখে পড়ার মতো। সংশ্লিষ্টরা জানান, এ বিষয়ে প্রয়োজনীয় সব ধরনের ব্যবস্থা নেওয়া হয়েছে। স্থানীয় প্রশাসন ও জনপ্রতিনিধিরা উপস্থিত ছিলেন। অনুষ্ঠানে বক্তারা বলেন, সবার সম্মিলিত প্রচেষ্টায় এ উদ্যোগ সফল হবে। পরে আলোচনা সভা ও দোয়া মাহফিল অনুষ্ঠিত হয়।

চট্টগ্রাম বন্দরের
নিজস্ব প্রতিবেদক

নিজস্ব প্রতিবেদক জানান, রাজধানীসহ দেশের বিভিন্ন স্থানে আজ নানা কর্মসূচির মাধ্যমে দিনটি পালিত হয়েছে। এ উপলক্ষে সংশ্লিষ্ট কর্তৃপক্ষ বিস্তারিত কর্মসূচি গ্রহণ করেছে এবং সাধারণ মানুষের অংশগ্রহণ ছিল চোখে পড়ার মতো। সংশ্লিষ্টরা জানান, এ বিষয়ে প্রয়োজনীয় সব ধরনের ব্যবস্থা নেওয়া হয়েছে। স্থানীয় প্রশাসন ও জনপ্রতিনিধিরা উপস্থিত ছিলেন। অনুষ্ঠানে বক্তারা বলেন, সবার সম্মিলিত প্রচেষ্টায় এ উদ্যোগ সফল হবে। পরে আলোচনা সভা ও দোয়া মাহফিল অনুষ্ঠিত হয়।

নিজস্ব প্রতিবেদক জানান, রাজধানীসহ দেশের বিভিন্ন স্থানে আজ নানা কর্মসূচির মাধ্যমে দিনটি পালিত হয়েছে। এ উপলক্ষে সংশ্লিষ্ট কর্তৃপক্ষ বিস্তারিত কর্মসূচি গ্রহণ করেছে এবং সাধারণ মানুষের অংশগ্রহণ ছিল চোখে পড়ার মতো। সংশ্লিষ্টরা জানান, এ বিষয়ে প্রয়োজনীয় সব ধরনের ব্যবস্থা নেওয়া হয়েছে। স্থানীয় প্রশাসন ও জনপ্রতিনিধিরা উপস্থিত ছিলেন। অনুষ্ঠানে বক্তারা বলেন, সবার সম্মিলিত প্রচেষ্টায় এ উদ্যোগ সফল হবে। পরে আলোচনা সভা ও দোয়া মাহফিল অনুষ্ঠিত হয়।

প্রধানমন্ত্রীর ত্রাণ
নিজস্ব প্রতিবেদক

নিজস্ব প্রতিবেদক জানান, রাজধানীসহ দেশের বিভিন্ন স্থানে আজ নানা কর্মসূচির মাধ্যমে দিনটি পালিত হয়েছে। এ উপলক্ষে সংশ্লিষ্ট কর্তৃপক্ষ বিস্তারিত কর্মসূচি গ্রহণ করেছে এবং সাধারণ মানুষের অংশগ্রহণ ছিল চোখে পড়ার মতো। সংশ্লিষ্টরা জানান, এ বিষয়ে প্রয়োজনীয় সব ধরনের ব্যবস্থা নেওয়া হয়েছে। স্থানীয় প্রশাসন ও জনপ্রতিনিধিরা উপস্থিত ছিলেন। অনুষ্ঠানে বক্তারা বলেন, সবার সম্মিলিত প্রচেষ্টায় এ উদ্যোগ সফল হবে। পরে আলোচনা সভা ও দোয়া মাহফিল অনুষ্ঠিত হয়।

চট্টগ্রাম পুলিশের
নিজস্ব প্রতিবেদক

নিজস্ব প্রতিবেদক জানান, রাজধানীসহ দেশের বিভিন্ন স্থানে আজ নানা কর্মসূচির মাধ্যমে দিনটি পালিত হয়েছে। এ উপলক্ষে সংশ্লিষ্ট কর্তৃপক্ষ বিস্তারিত কর্মসূচি গ্রহণ করেছে এবং সাধারণ মানুষের অংশগ্রহণ ছিল চোখে পড়ার মতো। সংশ্লিষ্টরা জানান, এ বিষয়ে প্রয়োজনীয় সব ধরনের ব্যবস্থা নেওয়া হয়েছে। স্থানীয় প্রশাসন ও জনপ্রতিনিধিরা উপস্থিত ছিলেন। অনুষ্ঠানে বক্তারা বলেন, সবার সম্মিলিত প্রচেষ্টায় এ উদ্যোগ সফল হবে। পরে আলোচনা সভা ও দোয়া মাহফিল অনুষ্ঠিত হয়।

আদালতের সালিসে
নিজস্ব প্রতিবেদক

নিজস্ব প্রতিবেদক জানান, রাজধানীসহ দেশের বিভিন্ন স্থানে আজ নানা কর্মসূচির মাধ্যমে দিনটি পালিত হয়েছে। এ উপলক্ষে সংশ্লিষ্ট কর্তৃপক্ষ বিস্তারিত কর্মসূচি গ্রহণ করেছে এবং সাধারণ মানুষের অংশগ্রহণ ছিল চোখে পড়ার মতো। সংশ্লিষ্টরা জানান, এ বিষয়ে প্রয়োজনীয় সব ধরনের ব্যবস্থা নেওয়া হয়েছে। স্থানীয় প্রশাসন ও জনপ্রতিনিধিরা উপস্থিত ছিলেন। অনুষ্ঠানে বক্তারা বলেন, সবার সম্মিলিত প্রচেষ্টায় এ উদ্যোগ সফল হবে। পরে আলোচনা সভা ও দোয়া মাহফিল অনুষ্ঠিত হয়।

নিজস্ব প্রতিবেদক জানান, রাজধানীসহ দেশের বিভিন্ন স্থানে আজ নানা কর্মসূচির মাধ্যমে দিনটি পালিত হয়েছে। এ উপলক্ষে সংশ্লিষ্ট কর্তৃপক্ষ বিস্তারিত কর্মসূচি গ্রহণ করেছে এবং সাধারণ মানুষের অংশগ্রহণ ছিল চোখে পড়ার মতো। সংশ্লিষ্টরা জানান, এ বিষয়ে প্রয়োজনীয় সব ধরনের ব্যবস্থা নেওয়া হয়েছে। স্থানীয় প্রশাসন ও জনপ্রতিনিধিরা উপস্থিত ছিলেন। অনুষ্ঠানে বক্তারা বলেন, সবার সম্মিলিত প্রচেষ্টায় এ উদ্যোগ সফল হবে। পরে আলোচনা সভা ও দোয়া মাহফিল অনুষ্ঠিত হয়।

চট্টগ্রামে মুক্তি
নিজস্ব প্রতিবেদক

নিজস্ব প্রতিবেদক জানান, রাজধানীসহ দেশের বিভিন্ন স্থানে আজ নানা কর্মসূচির মাধ্যমে দিনটি পালিত হয়েছে। এ উপলক্ষে সংশ্লিষ্ট কর্তৃপক্ষ বিস্তারিত কর্মসূচি গ্রহণ করেছে এবং সাধারণ মানুষের অংশগ্রহণ ছিল চোখে পড়ার মতো। সংশ্লিষ্টরা জানান, এ বিষয়ে প্রয়োজনীয় সব ধরনের ব্যবস্থা নেওয়া হয়েছে। স্থানীয় প্রশাসন ও জনপ্রতিনিধিরা উপস্থিত ছিলেন। অনুষ্ঠানে বক্তারা বলেন, সবার সম্মিলিত প্রচেষ্টায় এ উদ্যোগ সফল হবে। পরে আলোচনা সভা ও দোয়া মাহফিল অনুষ্ঠিত হয়।

জনগণ উন্নয়নে
নিজস্ব প্রতিবেদক

নিজস্ব প্রতিবেদক জানান, রাজধানীসহ দেশের বিভিন্ন স্থানে আজ নানা কর্মসূচির মাধ্যমে দিনটি পালিত হয়েছে। এ উপলক্ষে সংশ্লিষ্ট কর্তৃপক্ষ বিস্তারিত কর্মসূচি গ্রহণ করেছে এবং সাধারণ মানুষের অংশগ্রহণ ছিল চোখে পড়ার মতো। সংশ্লিষ্টরা জানান, এ বিষয়ে প্রয়োজনীয় সব ধরনের ব্যবস্থা নেওয়া হয়েছে। স্থানীয় প্রশাসন ও জনপ্রতিনিধিরা উপস্থিত ছিলেন। অনুষ্ঠানে বক্তারা বলেন, সবার সম্মিলিত প্রচেষ্টায় এ উদ্যোগ সফল হবে। পরে আলোচনা সভা ও দোয়া মাহফিল অনুষ্ঠিত হয়।

চুক্তির দলের
নিজস্ব প্রতিবেদক

নিজস্ব প্রতিবেদক জানান, রাজধানীসহ দেশের বিভিন্ন স্থানে আজ নানা কর্মসূচির মাধ্যমে দিনটি পালিত হয়েছে। এ উপলক্ষে সংশ্লিষ্ট কর্তৃপক্ষ বিস্তারিত কর্মসূচি গ্রহণ করেছে এবং সাধারণ মানুষের অংশগ্রহণ ছিল চোখে পড়ার মতো। সংশ্লিষ্টরা জানান, এ বিষয়ে প্রয়োজনীয় সব ধরনের ব্যবস্থা নেওয়া হয়েছে। স্থানীয় প্রশাসন ও জনপ্রতিনিধিরা উপস্থিত ছিলেন। অনুষ্ঠানে বক্তারা বলেন, সবার সম্মিলিত প্রচেষ্টায় এ উদ্যোগ সফল হবে। পরে আলোচনা সভা ও দোয়া মাহফিল অনুষ্ঠিত হয়।
